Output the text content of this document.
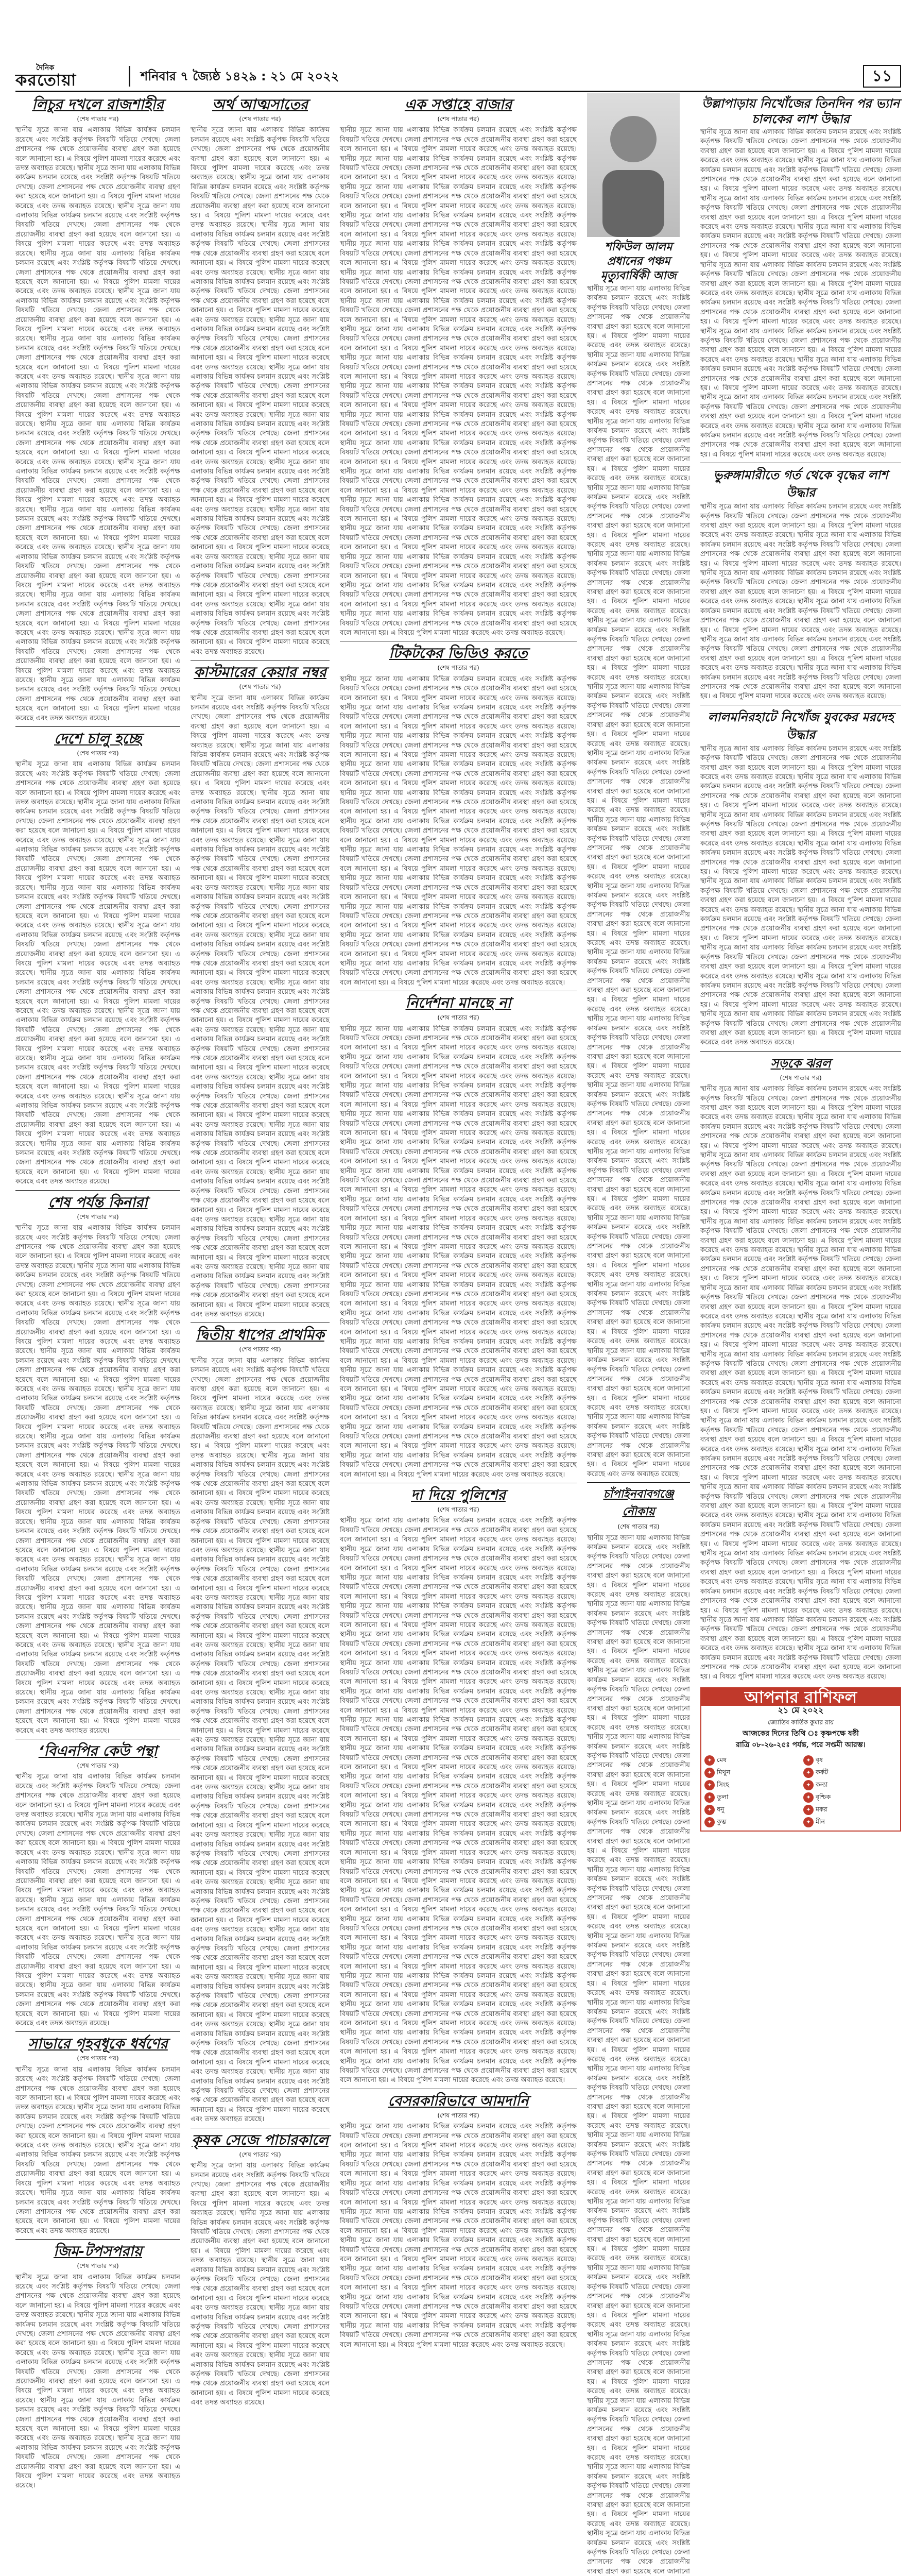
দৈনিক
করতোয়া	শনিবার ৭ জ্যৈষ্ঠ ১৪২৯ : ২১ মে ২০২২	১১
লিচুর দখলে রাজশাহীর
(শেষ পাতার পর)
স্থানীয় সূত্রে জানা যায় এলাকায় বিভিন্ন কার্যক্রম চলমান রয়েছে এবং সংশ্লিষ্ট কর্তৃপক্ষ বিষয়টি খতিয়ে দেখছে। জেলা প্রশাসনের পক্ষ থেকে প্রয়োজনীয় ব্যবস্থা গ্রহণ করা হয়েছে বলে জানানো হয়। এ বিষয়ে পুলিশ মামলা দায়ের করেছে এবং তদন্ত অব্যাহত রয়েছে। স্থানীয় সূত্রে জানা যায় এলাকায় বিভিন্ন কার্যক্রম চলমান রয়েছে এবং সংশ্লিষ্ট কর্তৃপক্ষ বিষয়টি খতিয়ে দেখছে। জেলা প্রশাসনের পক্ষ থেকে প্রয়োজনীয় ব্যবস্থা গ্রহণ করা হয়েছে বলে জানানো হয়। এ বিষয়ে পুলিশ মামলা দায়ের করেছে এবং তদন্ত অব্যাহত রয়েছে। স্থানীয় সূত্রে জানা যায় এলাকায় বিভিন্ন কার্যক্রম চলমান রয়েছে এবং সংশ্লিষ্ট কর্তৃপক্ষ বিষয়টি খতিয়ে দেখছে। জেলা প্রশাসনের পক্ষ থেকে প্রয়োজনীয় ব্যবস্থা গ্রহণ করা হয়েছে বলে জানানো হয়। এ বিষয়ে পুলিশ মামলা দায়ের করেছে এবং তদন্ত অব্যাহত রয়েছে। স্থানীয় সূত্রে জানা যায় এলাকায় বিভিন্ন কার্যক্রম চলমান রয়েছে এবং সংশ্লিষ্ট কর্তৃপক্ষ বিষয়টি খতিয়ে দেখছে। জেলা প্রশাসনের পক্ষ থেকে প্রয়োজনীয় ব্যবস্থা গ্রহণ করা হয়েছে বলে জানানো হয়। এ বিষয়ে পুলিশ মামলা দায়ের করেছে এবং তদন্ত অব্যাহত রয়েছে। স্থানীয় সূত্রে জানা যায় এলাকায় বিভিন্ন কার্যক্রম চলমান রয়েছে এবং সংশ্লিষ্ট কর্তৃপক্ষ বিষয়টি খতিয়ে দেখছে। জেলা প্রশাসনের পক্ষ থেকে প্রয়োজনীয় ব্যবস্থা গ্রহণ করা হয়েছে বলে জানানো হয়। এ বিষয়ে পুলিশ মামলা দায়ের করেছে এবং তদন্ত অব্যাহত রয়েছে। স্থানীয় সূত্রে জানা যায় এলাকায় বিভিন্ন কার্যক্রম চলমান রয়েছে এবং সংশ্লিষ্ট কর্তৃপক্ষ বিষয়টি খতিয়ে দেখছে। জেলা প্রশাসনের পক্ষ থেকে প্রয়োজনীয় ব্যবস্থা গ্রহণ করা হয়েছে বলে জানানো হয়। এ বিষয়ে পুলিশ মামলা দায়ের করেছে এবং তদন্ত অব্যাহত রয়েছে। স্থানীয় সূত্রে জানা যায় এলাকায় বিভিন্ন কার্যক্রম চলমান রয়েছে এবং সংশ্লিষ্ট কর্তৃপক্ষ বিষয়টি খতিয়ে দেখছে। জেলা প্রশাসনের পক্ষ থেকে প্রয়োজনীয় ব্যবস্থা গ্রহণ করা হয়েছে বলে জানানো হয়। এ বিষয়ে পুলিশ মামলা দায়ের করেছে এবং তদন্ত অব্যাহত রয়েছে। স্থানীয় সূত্রে জানা যায় এলাকায় বিভিন্ন কার্যক্রম চলমান রয়েছে এবং সংশ্লিষ্ট কর্তৃপক্ষ বিষয়টি খতিয়ে দেখছে। জেলা প্রশাসনের পক্ষ থেকে প্রয়োজনীয় ব্যবস্থা গ্রহণ করা হয়েছে বলে জানানো হয়। এ বিষয়ে পুলিশ মামলা দায়ের করেছে এবং তদন্ত অব্যাহত রয়েছে। স্থানীয় সূত্রে জানা যায় এলাকায় বিভিন্ন কার্যক্রম চলমান রয়েছে এবং সংশ্লিষ্ট কর্তৃপক্ষ বিষয়টি খতিয়ে দেখছে। জেলা প্রশাসনের পক্ষ থেকে প্রয়োজনীয় ব্যবস্থা গ্রহণ করা হয়েছে বলে জানানো হয়। এ বিষয়ে পুলিশ মামলা দায়ের করেছে এবং তদন্ত অব্যাহত রয়েছে। স্থানীয় সূত্রে জানা যায় এলাকায় বিভিন্ন কার্যক্রম চলমান রয়েছে এবং সংশ্লিষ্ট কর্তৃপক্ষ বিষয়টি খতিয়ে দেখছে। জেলা প্রশাসনের পক্ষ থেকে প্রয়োজনীয় ব্যবস্থা গ্রহণ করা হয়েছে বলে জানানো হয়। এ বিষয়ে পুলিশ মামলা দায়ের করেছে এবং তদন্ত অব্যাহত রয়েছে। স্থানীয় সূত্রে জানা যায় এলাকায় বিভিন্ন কার্যক্রম চলমান রয়েছে এবং সংশ্লিষ্ট কর্তৃপক্ষ বিষয়টি খতিয়ে দেখছে। জেলা প্রশাসনের পক্ষ থেকে প্রয়োজনীয় ব্যবস্থা গ্রহণ করা হয়েছে বলে জানানো হয়। এ বিষয়ে পুলিশ মামলা দায়ের করেছে এবং তদন্ত অব্যাহত রয়েছে। স্থানীয় সূত্রে জানা যায় এলাকায় বিভিন্ন কার্যক্রম চলমান রয়েছে এবং সংশ্লিষ্ট কর্তৃপক্ষ বিষয়টি খতিয়ে দেখছে। জেলা প্রশাসনের পক্ষ থেকে প্রয়োজনীয় ব্যবস্থা গ্রহণ করা হয়েছে বলে জানানো হয়। এ বিষয়ে পুলিশ মামলা দায়ের করেছে এবং তদন্ত অব্যাহত রয়েছে। স্থানীয় সূত্রে জানা যায় এলাকায় বিভিন্ন কার্যক্রম চলমান রয়েছে এবং সংশ্লিষ্ট কর্তৃপক্ষ বিষয়টি খতিয়ে দেখছে। জেলা প্রশাসনের পক্ষ থেকে প্রয়োজনীয় ব্যবস্থা গ্রহণ করা হয়েছে বলে জানানো হয়। এ বিষয়ে পুলিশ মামলা দায়ের করেছে এবং তদন্ত অব্যাহত রয়েছে। স্থানীয় সূত্রে জানা যায় এলাকায় বিভিন্ন কার্যক্রম চলমান রয়েছে এবং সংশ্লিষ্ট কর্তৃপক্ষ বিষয়টি খতিয়ে দেখছে। জেলা প্রশাসনের পক্ষ থেকে প্রয়োজনীয় ব্যবস্থা গ্রহণ করা হয়েছে বলে জানানো হয়। এ বিষয়ে পুলিশ মামলা দায়ের করেছে এবং তদন্ত অব্যাহত রয়েছে।
দেশে চালু হচ্ছে
(শেষ পাতার পর)
স্থানীয় সূত্রে জানা যায় এলাকায় বিভিন্ন কার্যক্রম চলমান রয়েছে এবং সংশ্লিষ্ট কর্তৃপক্ষ বিষয়টি খতিয়ে দেখছে। জেলা প্রশাসনের পক্ষ থেকে প্রয়োজনীয় ব্যবস্থা গ্রহণ করা হয়েছে বলে জানানো হয়। এ বিষয়ে পুলিশ মামলা দায়ের করেছে এবং তদন্ত অব্যাহত রয়েছে। স্থানীয় সূত্রে জানা যায় এলাকায় বিভিন্ন কার্যক্রম চলমান রয়েছে এবং সংশ্লিষ্ট কর্তৃপক্ষ বিষয়টি খতিয়ে দেখছে। জেলা প্রশাসনের পক্ষ থেকে প্রয়োজনীয় ব্যবস্থা গ্রহণ করা হয়েছে বলে জানানো হয়। এ বিষয়ে পুলিশ মামলা দায়ের করেছে এবং তদন্ত অব্যাহত রয়েছে। স্থানীয় সূত্রে জানা যায় এলাকায় বিভিন্ন কার্যক্রম চলমান রয়েছে এবং সংশ্লিষ্ট কর্তৃপক্ষ বিষয়টি খতিয়ে দেখছে। জেলা প্রশাসনের পক্ষ থেকে প্রয়োজনীয় ব্যবস্থা গ্রহণ করা হয়েছে বলে জানানো হয়। এ বিষয়ে পুলিশ মামলা দায়ের করেছে এবং তদন্ত অব্যাহত রয়েছে। স্থানীয় সূত্রে জানা যায় এলাকায় বিভিন্ন কার্যক্রম চলমান রয়েছে এবং সংশ্লিষ্ট কর্তৃপক্ষ বিষয়টি খতিয়ে দেখছে। জেলা প্রশাসনের পক্ষ থেকে প্রয়োজনীয় ব্যবস্থা গ্রহণ করা হয়েছে বলে জানানো হয়। এ বিষয়ে পুলিশ মামলা দায়ের করেছে এবং তদন্ত অব্যাহত রয়েছে। স্থানীয় সূত্রে জানা যায় এলাকায় বিভিন্ন কার্যক্রম চলমান রয়েছে এবং সংশ্লিষ্ট কর্তৃপক্ষ বিষয়টি খতিয়ে দেখছে। জেলা প্রশাসনের পক্ষ থেকে প্রয়োজনীয় ব্যবস্থা গ্রহণ করা হয়েছে বলে জানানো হয়। এ বিষয়ে পুলিশ মামলা দায়ের করেছে এবং তদন্ত অব্যাহত রয়েছে। স্থানীয় সূত্রে জানা যায় এলাকায় বিভিন্ন কার্যক্রম চলমান রয়েছে এবং সংশ্লিষ্ট কর্তৃপক্ষ বিষয়টি খতিয়ে দেখছে। জেলা প্রশাসনের পক্ষ থেকে প্রয়োজনীয় ব্যবস্থা গ্রহণ করা হয়েছে বলে জানানো হয়। এ বিষয়ে পুলিশ মামলা দায়ের করেছে এবং তদন্ত অব্যাহত রয়েছে। স্থানীয় সূত্রে জানা যায় এলাকায় বিভিন্ন কার্যক্রম চলমান রয়েছে এবং সংশ্লিষ্ট কর্তৃপক্ষ বিষয়টি খতিয়ে দেখছে। জেলা প্রশাসনের পক্ষ থেকে প্রয়োজনীয় ব্যবস্থা গ্রহণ করা হয়েছে বলে জানানো হয়। এ বিষয়ে পুলিশ মামলা দায়ের করেছে এবং তদন্ত অব্যাহত রয়েছে। স্থানীয় সূত্রে জানা যায় এলাকায় বিভিন্ন কার্যক্রম চলমান রয়েছে এবং সংশ্লিষ্ট কর্তৃপক্ষ বিষয়টি খতিয়ে দেখছে। জেলা প্রশাসনের পক্ষ থেকে প্রয়োজনীয় ব্যবস্থা গ্রহণ করা হয়েছে বলে জানানো হয়। এ বিষয়ে পুলিশ মামলা দায়ের করেছে এবং তদন্ত অব্যাহত রয়েছে। স্থানীয় সূত্রে জানা যায় এলাকায় বিভিন্ন কার্যক্রম চলমান রয়েছে এবং সংশ্লিষ্ট কর্তৃপক্ষ বিষয়টি খতিয়ে দেখছে। জেলা প্রশাসনের পক্ষ থেকে প্রয়োজনীয় ব্যবস্থা গ্রহণ করা হয়েছে বলে জানানো হয়। এ বিষয়ে পুলিশ মামলা দায়ের করেছে এবং তদন্ত অব্যাহত রয়েছে। স্থানীয় সূত্রে জানা যায় এলাকায় বিভিন্ন কার্যক্রম চলমান রয়েছে এবং সংশ্লিষ্ট কর্তৃপক্ষ বিষয়টি খতিয়ে দেখছে। জেলা প্রশাসনের পক্ষ থেকে প্রয়োজনীয় ব্যবস্থা গ্রহণ করা হয়েছে বলে জানানো হয়। এ বিষয়ে পুলিশ মামলা দায়ের করেছে এবং তদন্ত অব্যাহত রয়েছে।
শেষ পর্যন্ত কিনারা
(শেষ পাতার পর)
স্থানীয় সূত্রে জানা যায় এলাকায় বিভিন্ন কার্যক্রম চলমান রয়েছে এবং সংশ্লিষ্ট কর্তৃপক্ষ বিষয়টি খতিয়ে দেখছে। জেলা প্রশাসনের পক্ষ থেকে প্রয়োজনীয় ব্যবস্থা গ্রহণ করা হয়েছে বলে জানানো হয়। এ বিষয়ে পুলিশ মামলা দায়ের করেছে এবং তদন্ত অব্যাহত রয়েছে। স্থানীয় সূত্রে জানা যায় এলাকায় বিভিন্ন কার্যক্রম চলমান রয়েছে এবং সংশ্লিষ্ট কর্তৃপক্ষ বিষয়টি খতিয়ে দেখছে। জেলা প্রশাসনের পক্ষ থেকে প্রয়োজনীয় ব্যবস্থা গ্রহণ করা হয়েছে বলে জানানো হয়। এ বিষয়ে পুলিশ মামলা দায়ের করেছে এবং তদন্ত অব্যাহত রয়েছে। স্থানীয় সূত্রে জানা যায় এলাকায় বিভিন্ন কার্যক্রম চলমান রয়েছে এবং সংশ্লিষ্ট কর্তৃপক্ষ বিষয়টি খতিয়ে দেখছে। জেলা প্রশাসনের পক্ষ থেকে প্রয়োজনীয় ব্যবস্থা গ্রহণ করা হয়েছে বলে জানানো হয়। এ বিষয়ে পুলিশ মামলা দায়ের করেছে এবং তদন্ত অব্যাহত রয়েছে। স্থানীয় সূত্রে জানা যায় এলাকায় বিভিন্ন কার্যক্রম চলমান রয়েছে এবং সংশ্লিষ্ট কর্তৃপক্ষ বিষয়টি খতিয়ে দেখছে। জেলা প্রশাসনের পক্ষ থেকে প্রয়োজনীয় ব্যবস্থা গ্রহণ করা হয়েছে বলে জানানো হয়। এ বিষয়ে পুলিশ মামলা দায়ের করেছে এবং তদন্ত অব্যাহত রয়েছে। স্থানীয় সূত্রে জানা যায় এলাকায় বিভিন্ন কার্যক্রম চলমান রয়েছে এবং সংশ্লিষ্ট কর্তৃপক্ষ বিষয়টি খতিয়ে দেখছে। জেলা প্রশাসনের পক্ষ থেকে প্রয়োজনীয় ব্যবস্থা গ্রহণ করা হয়েছে বলে জানানো হয়। এ বিষয়ে পুলিশ মামলা দায়ের করেছে এবং তদন্ত অব্যাহত রয়েছে। স্থানীয় সূত্রে জানা যায় এলাকায় বিভিন্ন কার্যক্রম চলমান রয়েছে এবং সংশ্লিষ্ট কর্তৃপক্ষ বিষয়টি খতিয়ে দেখছে। জেলা প্রশাসনের পক্ষ থেকে প্রয়োজনীয় ব্যবস্থা গ্রহণ করা হয়েছে বলে জানানো হয়। এ বিষয়ে পুলিশ মামলা দায়ের করেছে এবং তদন্ত অব্যাহত রয়েছে। স্থানীয় সূত্রে জানা যায় এলাকায় বিভিন্ন কার্যক্রম চলমান রয়েছে এবং সংশ্লিষ্ট কর্তৃপক্ষ বিষয়টি খতিয়ে দেখছে। জেলা প্রশাসনের পক্ষ থেকে প্রয়োজনীয় ব্যবস্থা গ্রহণ করা হয়েছে বলে জানানো হয়। এ বিষয়ে পুলিশ মামলা দায়ের করেছে এবং তদন্ত অব্যাহত রয়েছে। স্থানীয় সূত্রে জানা যায় এলাকায় বিভিন্ন কার্যক্রম চলমান রয়েছে এবং সংশ্লিষ্ট কর্তৃপক্ষ বিষয়টি খতিয়ে দেখছে। জেলা প্রশাসনের পক্ষ থেকে প্রয়োজনীয় ব্যবস্থা গ্রহণ করা হয়েছে বলে জানানো হয়। এ বিষয়ে পুলিশ মামলা দায়ের করেছে এবং তদন্ত অব্যাহত রয়েছে। স্থানীয় সূত্রে জানা যায় এলাকায় বিভিন্ন কার্যক্রম চলমান রয়েছে এবং সংশ্লিষ্ট কর্তৃপক্ষ বিষয়টি খতিয়ে দেখছে। জেলা প্রশাসনের পক্ষ থেকে প্রয়োজনীয় ব্যবস্থা গ্রহণ করা হয়েছে বলে জানানো হয়। এ বিষয়ে পুলিশ মামলা দায়ের করেছে এবং তদন্ত অব্যাহত রয়েছে। স্থানীয় সূত্রে জানা যায় এলাকায় বিভিন্ন কার্যক্রম চলমান রয়েছে এবং সংশ্লিষ্ট কর্তৃপক্ষ বিষয়টি খতিয়ে দেখছে। জেলা প্রশাসনের পক্ষ থেকে প্রয়োজনীয় ব্যবস্থা গ্রহণ করা হয়েছে বলে জানানো হয়। এ বিষয়ে পুলিশ মামলা দায়ের করেছে এবং তদন্ত অব্যাহত রয়েছে। স্থানীয় সূত্রে জানা যায় এলাকায় বিভিন্ন কার্যক্রম চলমান রয়েছে এবং সংশ্লিষ্ট কর্তৃপক্ষ বিষয়টি খতিয়ে দেখছে। জেলা প্রশাসনের পক্ষ থেকে প্রয়োজনীয় ব্যবস্থা গ্রহণ করা হয়েছে বলে জানানো হয়। এ বিষয়ে পুলিশ মামলা দায়ের করেছে এবং তদন্ত অব্যাহত রয়েছে। স্থানীয় সূত্রে জানা যায় এলাকায় বিভিন্ন কার্যক্রম চলমান রয়েছে এবং সংশ্লিষ্ট কর্তৃপক্ষ বিষয়টি খতিয়ে দেখছে। জেলা প্রশাসনের পক্ষ থেকে প্রয়োজনীয় ব্যবস্থা গ্রহণ করা হয়েছে বলে জানানো হয়। এ বিষয়ে পুলিশ মামলা দায়ের করেছে এবং তদন্ত অব্যাহত রয়েছে।
‘বিএনপির কেউ পন্থা
(শেষ পাতার পর)
স্থানীয় সূত্রে জানা যায় এলাকায় বিভিন্ন কার্যক্রম চলমান রয়েছে এবং সংশ্লিষ্ট কর্তৃপক্ষ বিষয়টি খতিয়ে দেখছে। জেলা প্রশাসনের পক্ষ থেকে প্রয়োজনীয় ব্যবস্থা গ্রহণ করা হয়েছে বলে জানানো হয়। এ বিষয়ে পুলিশ মামলা দায়ের করেছে এবং তদন্ত অব্যাহত রয়েছে। স্থানীয় সূত্রে জানা যায় এলাকায় বিভিন্ন কার্যক্রম চলমান রয়েছে এবং সংশ্লিষ্ট কর্তৃপক্ষ বিষয়টি খতিয়ে দেখছে। জেলা প্রশাসনের পক্ষ থেকে প্রয়োজনীয় ব্যবস্থা গ্রহণ করা হয়েছে বলে জানানো হয়। এ বিষয়ে পুলিশ মামলা দায়ের করেছে এবং তদন্ত অব্যাহত রয়েছে। স্থানীয় সূত্রে জানা যায় এলাকায় বিভিন্ন কার্যক্রম চলমান রয়েছে এবং সংশ্লিষ্ট কর্তৃপক্ষ বিষয়টি খতিয়ে দেখছে। জেলা প্রশাসনের পক্ষ থেকে প্রয়োজনীয় ব্যবস্থা গ্রহণ করা হয়েছে বলে জানানো হয়। এ বিষয়ে পুলিশ মামলা দায়ের করেছে এবং তদন্ত অব্যাহত রয়েছে। স্থানীয় সূত্রে জানা যায় এলাকায় বিভিন্ন কার্যক্রম চলমান রয়েছে এবং সংশ্লিষ্ট কর্তৃপক্ষ বিষয়টি খতিয়ে দেখছে। জেলা প্রশাসনের পক্ষ থেকে প্রয়োজনীয় ব্যবস্থা গ্রহণ করা হয়েছে বলে জানানো হয়। এ বিষয়ে পুলিশ মামলা দায়ের করেছে এবং তদন্ত অব্যাহত রয়েছে। স্থানীয় সূত্রে জানা যায় এলাকায় বিভিন্ন কার্যক্রম চলমান রয়েছে এবং সংশ্লিষ্ট কর্তৃপক্ষ বিষয়টি খতিয়ে দেখছে। জেলা প্রশাসনের পক্ষ থেকে প্রয়োজনীয় ব্যবস্থা গ্রহণ করা হয়েছে বলে জানানো হয়। এ বিষয়ে পুলিশ মামলা দায়ের করেছে এবং তদন্ত অব্যাহত রয়েছে। স্থানীয় সূত্রে জানা যায় এলাকায় বিভিন্ন কার্যক্রম চলমান রয়েছে এবং সংশ্লিষ্ট কর্তৃপক্ষ বিষয়টি খতিয়ে দেখছে। জেলা প্রশাসনের পক্ষ থেকে প্রয়োজনীয় ব্যবস্থা গ্রহণ করা হয়েছে বলে জানানো হয়। এ বিষয়ে পুলিশ মামলা দায়ের করেছে এবং তদন্ত অব্যাহত রয়েছে।
সাভারে গৃহবধূকে ধর্ষণের
(শেষ পাতার পর)
স্থানীয় সূত্রে জানা যায় এলাকায় বিভিন্ন কার্যক্রম চলমান রয়েছে এবং সংশ্লিষ্ট কর্তৃপক্ষ বিষয়টি খতিয়ে দেখছে। জেলা প্রশাসনের পক্ষ থেকে প্রয়োজনীয় ব্যবস্থা গ্রহণ করা হয়েছে বলে জানানো হয়। এ বিষয়ে পুলিশ মামলা দায়ের করেছে এবং তদন্ত অব্যাহত রয়েছে। স্থানীয় সূত্রে জানা যায় এলাকায় বিভিন্ন কার্যক্রম চলমান রয়েছে এবং সংশ্লিষ্ট কর্তৃপক্ষ বিষয়টি খতিয়ে দেখছে। জেলা প্রশাসনের পক্ষ থেকে প্রয়োজনীয় ব্যবস্থা গ্রহণ করা হয়েছে বলে জানানো হয়। এ বিষয়ে পুলিশ মামলা দায়ের করেছে এবং তদন্ত অব্যাহত রয়েছে। স্থানীয় সূত্রে জানা যায় এলাকায় বিভিন্ন কার্যক্রম চলমান রয়েছে এবং সংশ্লিষ্ট কর্তৃপক্ষ বিষয়টি খতিয়ে দেখছে। জেলা প্রশাসনের পক্ষ থেকে প্রয়োজনীয় ব্যবস্থা গ্রহণ করা হয়েছে বলে জানানো হয়। এ বিষয়ে পুলিশ মামলা দায়ের করেছে এবং তদন্ত অব্যাহত রয়েছে। স্থানীয় সূত্রে জানা যায় এলাকায় বিভিন্ন কার্যক্রম চলমান রয়েছে এবং সংশ্লিষ্ট কর্তৃপক্ষ বিষয়টি খতিয়ে দেখছে। জেলা প্রশাসনের পক্ষ থেকে প্রয়োজনীয় ব্যবস্থা গ্রহণ করা হয়েছে বলে জানানো হয়। এ বিষয়ে পুলিশ মামলা দায়ের করেছে এবং তদন্ত অব্যাহত রয়েছে।
জিম-টপসপরায়
(শেষ পাতার পর)
স্থানীয় সূত্রে জানা যায় এলাকায় বিভিন্ন কার্যক্রম চলমান রয়েছে এবং সংশ্লিষ্ট কর্তৃপক্ষ বিষয়টি খতিয়ে দেখছে। জেলা প্রশাসনের পক্ষ থেকে প্রয়োজনীয় ব্যবস্থা গ্রহণ করা হয়েছে বলে জানানো হয়। এ বিষয়ে পুলিশ মামলা দায়ের করেছে এবং তদন্ত অব্যাহত রয়েছে। স্থানীয় সূত্রে জানা যায় এলাকায় বিভিন্ন কার্যক্রম চলমান রয়েছে এবং সংশ্লিষ্ট কর্তৃপক্ষ বিষয়টি খতিয়ে দেখছে। জেলা প্রশাসনের পক্ষ থেকে প্রয়োজনীয় ব্যবস্থা গ্রহণ করা হয়েছে বলে জানানো হয়। এ বিষয়ে পুলিশ মামলা দায়ের করেছে এবং তদন্ত অব্যাহত রয়েছে। স্থানীয় সূত্রে জানা যায় এলাকায় বিভিন্ন কার্যক্রম চলমান রয়েছে এবং সংশ্লিষ্ট কর্তৃপক্ষ বিষয়টি খতিয়ে দেখছে। জেলা প্রশাসনের পক্ষ থেকে প্রয়োজনীয় ব্যবস্থা গ্রহণ করা হয়েছে বলে জানানো হয়। এ বিষয়ে পুলিশ মামলা দায়ের করেছে এবং তদন্ত অব্যাহত রয়েছে। স্থানীয় সূত্রে জানা যায় এলাকায় বিভিন্ন কার্যক্রম চলমান রয়েছে এবং সংশ্লিষ্ট কর্তৃপক্ষ বিষয়টি খতিয়ে দেখছে। জেলা প্রশাসনের পক্ষ থেকে প্রয়োজনীয় ব্যবস্থা গ্রহণ করা হয়েছে বলে জানানো হয়। এ বিষয়ে পুলিশ মামলা দায়ের করেছে এবং তদন্ত অব্যাহত রয়েছে। স্থানীয় সূত্রে জানা যায় এলাকায় বিভিন্ন কার্যক্রম চলমান রয়েছে এবং সংশ্লিষ্ট কর্তৃপক্ষ বিষয়টি খতিয়ে দেখছে। জেলা প্রশাসনের পক্ষ থেকে প্রয়োজনীয় ব্যবস্থা গ্রহণ করা হয়েছে বলে জানানো হয়। এ বিষয়ে পুলিশ মামলা দায়ের করেছে এবং তদন্ত অব্যাহত রয়েছে।
অর্থ আত্মসাতের
(শেষ পাতার পর)
স্থানীয় সূত্রে জানা যায় এলাকায় বিভিন্ন কার্যক্রম চলমান রয়েছে এবং সংশ্লিষ্ট কর্তৃপক্ষ বিষয়টি খতিয়ে দেখছে। জেলা প্রশাসনের পক্ষ থেকে প্রয়োজনীয় ব্যবস্থা গ্রহণ করা হয়েছে বলে জানানো হয়। এ বিষয়ে পুলিশ মামলা দায়ের করেছে এবং তদন্ত অব্যাহত রয়েছে। স্থানীয় সূত্রে জানা যায় এলাকায় বিভিন্ন কার্যক্রম চলমান রয়েছে এবং সংশ্লিষ্ট কর্তৃপক্ষ বিষয়টি খতিয়ে দেখছে। জেলা প্রশাসনের পক্ষ থেকে প্রয়োজনীয় ব্যবস্থা গ্রহণ করা হয়েছে বলে জানানো হয়। এ বিষয়ে পুলিশ মামলা দায়ের করেছে এবং তদন্ত অব্যাহত রয়েছে। স্থানীয় সূত্রে জানা যায় এলাকায় বিভিন্ন কার্যক্রম চলমান রয়েছে এবং সংশ্লিষ্ট কর্তৃপক্ষ বিষয়টি খতিয়ে দেখছে। জেলা প্রশাসনের পক্ষ থেকে প্রয়োজনীয় ব্যবস্থা গ্রহণ করা হয়েছে বলে জানানো হয়। এ বিষয়ে পুলিশ মামলা দায়ের করেছে এবং তদন্ত অব্যাহত রয়েছে। স্থানীয় সূত্রে জানা যায় এলাকায় বিভিন্ন কার্যক্রম চলমান রয়েছে এবং সংশ্লিষ্ট কর্তৃপক্ষ বিষয়টি খতিয়ে দেখছে। জেলা প্রশাসনের পক্ষ থেকে প্রয়োজনীয় ব্যবস্থা গ্রহণ করা হয়েছে বলে জানানো হয়। এ বিষয়ে পুলিশ মামলা দায়ের করেছে এবং তদন্ত অব্যাহত রয়েছে। স্থানীয় সূত্রে জানা যায় এলাকায় বিভিন্ন কার্যক্রম চলমান রয়েছে এবং সংশ্লিষ্ট কর্তৃপক্ষ বিষয়টি খতিয়ে দেখছে। জেলা প্রশাসনের পক্ষ থেকে প্রয়োজনীয় ব্যবস্থা গ্রহণ করা হয়েছে বলে জানানো হয়। এ বিষয়ে পুলিশ মামলা দায়ের করেছে এবং তদন্ত অব্যাহত রয়েছে। স্থানীয় সূত্রে জানা যায় এলাকায় বিভিন্ন কার্যক্রম চলমান রয়েছে এবং সংশ্লিষ্ট কর্তৃপক্ষ বিষয়টি খতিয়ে দেখছে। জেলা প্রশাসনের পক্ষ থেকে প্রয়োজনীয় ব্যবস্থা গ্রহণ করা হয়েছে বলে জানানো হয়। এ বিষয়ে পুলিশ মামলা দায়ের করেছে এবং তদন্ত অব্যাহত রয়েছে। স্থানীয় সূত্রে জানা যায় এলাকায় বিভিন্ন কার্যক্রম চলমান রয়েছে এবং সংশ্লিষ্ট কর্তৃপক্ষ বিষয়টি খতিয়ে দেখছে। জেলা প্রশাসনের পক্ষ থেকে প্রয়োজনীয় ব্যবস্থা গ্রহণ করা হয়েছে বলে জানানো হয়। এ বিষয়ে পুলিশ মামলা দায়ের করেছে এবং তদন্ত অব্যাহত রয়েছে। স্থানীয় সূত্রে জানা যায় এলাকায় বিভিন্ন কার্যক্রম চলমান রয়েছে এবং সংশ্লিষ্ট কর্তৃপক্ষ বিষয়টি খতিয়ে দেখছে। জেলা প্রশাসনের পক্ষ থেকে প্রয়োজনীয় ব্যবস্থা গ্রহণ করা হয়েছে বলে জানানো হয়। এ বিষয়ে পুলিশ মামলা দায়ের করেছে এবং তদন্ত অব্যাহত রয়েছে। স্থানীয় সূত্রে জানা যায় এলাকায় বিভিন্ন কার্যক্রম চলমান রয়েছে এবং সংশ্লিষ্ট কর্তৃপক্ষ বিষয়টি খতিয়ে দেখছে। জেলা প্রশাসনের পক্ষ থেকে প্রয়োজনীয় ব্যবস্থা গ্রহণ করা হয়েছে বলে জানানো হয়। এ বিষয়ে পুলিশ মামলা দায়ের করেছে এবং তদন্ত অব্যাহত রয়েছে। স্থানীয় সূত্রে জানা যায় এলাকায় বিভিন্ন কার্যক্রম চলমান রয়েছে এবং সংশ্লিষ্ট কর্তৃপক্ষ বিষয়টি খতিয়ে দেখছে। জেলা প্রশাসনের পক্ষ থেকে প্রয়োজনীয় ব্যবস্থা গ্রহণ করা হয়েছে বলে জানানো হয়। এ বিষয়ে পুলিশ মামলা দায়ের করেছে এবং তদন্ত অব্যাহত রয়েছে। স্থানীয় সূত্রে জানা যায় এলাকায় বিভিন্ন কার্যক্রম চলমান রয়েছে এবং সংশ্লিষ্ট কর্তৃপক্ষ বিষয়টি খতিয়ে দেখছে। জেলা প্রশাসনের পক্ষ থেকে প্রয়োজনীয় ব্যবস্থা গ্রহণ করা হয়েছে বলে জানানো হয়। এ বিষয়ে পুলিশ মামলা দায়ের করেছে এবং তদন্ত অব্যাহত রয়েছে।
কাস্টমারের কেয়ার নম্বর
(শেষ পাতার পর)
স্থানীয় সূত্রে জানা যায় এলাকায় বিভিন্ন কার্যক্রম চলমান রয়েছে এবং সংশ্লিষ্ট কর্তৃপক্ষ বিষয়টি খতিয়ে দেখছে। জেলা প্রশাসনের পক্ষ থেকে প্রয়োজনীয় ব্যবস্থা গ্রহণ করা হয়েছে বলে জানানো হয়। এ বিষয়ে পুলিশ মামলা দায়ের করেছে এবং তদন্ত অব্যাহত রয়েছে। স্থানীয় সূত্রে জানা যায় এলাকায় বিভিন্ন কার্যক্রম চলমান রয়েছে এবং সংশ্লিষ্ট কর্তৃপক্ষ বিষয়টি খতিয়ে দেখছে। জেলা প্রশাসনের পক্ষ থেকে প্রয়োজনীয় ব্যবস্থা গ্রহণ করা হয়েছে বলে জানানো হয়। এ বিষয়ে পুলিশ মামলা দায়ের করেছে এবং তদন্ত অব্যাহত রয়েছে। স্থানীয় সূত্রে জানা যায় এলাকায় বিভিন্ন কার্যক্রম চলমান রয়েছে এবং সংশ্লিষ্ট কর্তৃপক্ষ বিষয়টি খতিয়ে দেখছে। জেলা প্রশাসনের পক্ষ থেকে প্রয়োজনীয় ব্যবস্থা গ্রহণ করা হয়েছে বলে জানানো হয়। এ বিষয়ে পুলিশ মামলা দায়ের করেছে এবং তদন্ত অব্যাহত রয়েছে। স্থানীয় সূত্রে জানা যায় এলাকায় বিভিন্ন কার্যক্রম চলমান রয়েছে এবং সংশ্লিষ্ট কর্তৃপক্ষ বিষয়টি খতিয়ে দেখছে। জেলা প্রশাসনের পক্ষ থেকে প্রয়োজনীয় ব্যবস্থা গ্রহণ করা হয়েছে বলে জানানো হয়। এ বিষয়ে পুলিশ মামলা দায়ের করেছে এবং তদন্ত অব্যাহত রয়েছে। স্থানীয় সূত্রে জানা যায় এলাকায় বিভিন্ন কার্যক্রম চলমান রয়েছে এবং সংশ্লিষ্ট কর্তৃপক্ষ বিষয়টি খতিয়ে দেখছে। জেলা প্রশাসনের পক্ষ থেকে প্রয়োজনীয় ব্যবস্থা গ্রহণ করা হয়েছে বলে জানানো হয়। এ বিষয়ে পুলিশ মামলা দায়ের করেছে এবং তদন্ত অব্যাহত রয়েছে। স্থানীয় সূত্রে জানা যায় এলাকায় বিভিন্ন কার্যক্রম চলমান রয়েছে এবং সংশ্লিষ্ট কর্তৃপক্ষ বিষয়টি খতিয়ে দেখছে। জেলা প্রশাসনের পক্ষ থেকে প্রয়োজনীয় ব্যবস্থা গ্রহণ করা হয়েছে বলে জানানো হয়। এ বিষয়ে পুলিশ মামলা দায়ের করেছে এবং তদন্ত অব্যাহত রয়েছে। স্থানীয় সূত্রে জানা যায় এলাকায় বিভিন্ন কার্যক্রম চলমান রয়েছে এবং সংশ্লিষ্ট কর্তৃপক্ষ বিষয়টি খতিয়ে দেখছে। জেলা প্রশাসনের পক্ষ থেকে প্রয়োজনীয় ব্যবস্থা গ্রহণ করা হয়েছে বলে জানানো হয়। এ বিষয়ে পুলিশ মামলা দায়ের করেছে এবং তদন্ত অব্যাহত রয়েছে। স্থানীয় সূত্রে জানা যায় এলাকায় বিভিন্ন কার্যক্রম চলমান রয়েছে এবং সংশ্লিষ্ট কর্তৃপক্ষ বিষয়টি খতিয়ে দেখছে। জেলা প্রশাসনের পক্ষ থেকে প্রয়োজনীয় ব্যবস্থা গ্রহণ করা হয়েছে বলে জানানো হয়। এ বিষয়ে পুলিশ মামলা দায়ের করেছে এবং তদন্ত অব্যাহত রয়েছে। স্থানীয় সূত্রে জানা যায় এলাকায় বিভিন্ন কার্যক্রম চলমান রয়েছে এবং সংশ্লিষ্ট কর্তৃপক্ষ বিষয়টি খতিয়ে দেখছে। জেলা প্রশাসনের পক্ষ থেকে প্রয়োজনীয় ব্যবস্থা গ্রহণ করা হয়েছে বলে জানানো হয়। এ বিষয়ে পুলিশ মামলা দায়ের করেছে এবং তদন্ত অব্যাহত রয়েছে। স্থানীয় সূত্রে জানা যায় এলাকায় বিভিন্ন কার্যক্রম চলমান রয়েছে এবং সংশ্লিষ্ট কর্তৃপক্ষ বিষয়টি খতিয়ে দেখছে। জেলা প্রশাসনের পক্ষ থেকে প্রয়োজনীয় ব্যবস্থা গ্রহণ করা হয়েছে বলে জানানো হয়। এ বিষয়ে পুলিশ মামলা দায়ের করেছে এবং তদন্ত অব্যাহত রয়েছে। স্থানীয় সূত্রে জানা যায় এলাকায় বিভিন্ন কার্যক্রম চলমান রয়েছে এবং সংশ্লিষ্ট কর্তৃপক্ষ বিষয়টি খতিয়ে দেখছে। জেলা প্রশাসনের পক্ষ থেকে প্রয়োজনীয় ব্যবস্থা গ্রহণ করা হয়েছে বলে জানানো হয়। এ বিষয়ে পুলিশ মামলা দায়ের করেছে এবং তদন্ত অব্যাহত রয়েছে। স্থানীয় সূত্রে জানা যায় এলাকায় বিভিন্ন কার্যক্রম চলমান রয়েছে এবং সংশ্লিষ্ট কর্তৃপক্ষ বিষয়টি খতিয়ে দেখছে। জেলা প্রশাসনের পক্ষ থেকে প্রয়োজনীয় ব্যবস্থা গ্রহণ করা হয়েছে বলে জানানো হয়। এ বিষয়ে পুলিশ মামলা দায়ের করেছে এবং তদন্ত অব্যাহত রয়েছে। স্থানীয় সূত্রে জানা যায় এলাকায় বিভিন্ন কার্যক্রম চলমান রয়েছে এবং সংশ্লিষ্ট কর্তৃপক্ষ বিষয়টি খতিয়ে দেখছে। জেলা প্রশাসনের পক্ষ থেকে প্রয়োজনীয় ব্যবস্থা গ্রহণ করা হয়েছে বলে জানানো হয়। এ বিষয়ে পুলিশ মামলা দায়ের করেছে এবং তদন্ত অব্যাহত রয়েছে।
দ্বিতীয় ধাপের প্রাথমিক
(শেষ পাতার পর)
স্থানীয় সূত্রে জানা যায় এলাকায় বিভিন্ন কার্যক্রম চলমান রয়েছে এবং সংশ্লিষ্ট কর্তৃপক্ষ বিষয়টি খতিয়ে দেখছে। জেলা প্রশাসনের পক্ষ থেকে প্রয়োজনীয় ব্যবস্থা গ্রহণ করা হয়েছে বলে জানানো হয়। এ বিষয়ে পুলিশ মামলা দায়ের করেছে এবং তদন্ত অব্যাহত রয়েছে। স্থানীয় সূত্রে জানা যায় এলাকায় বিভিন্ন কার্যক্রম চলমান রয়েছে এবং সংশ্লিষ্ট কর্তৃপক্ষ বিষয়টি খতিয়ে দেখছে। জেলা প্রশাসনের পক্ষ থেকে প্রয়োজনীয় ব্যবস্থা গ্রহণ করা হয়েছে বলে জানানো হয়। এ বিষয়ে পুলিশ মামলা দায়ের করেছে এবং তদন্ত অব্যাহত রয়েছে। স্থানীয় সূত্রে জানা যায় এলাকায় বিভিন্ন কার্যক্রম চলমান রয়েছে এবং সংশ্লিষ্ট কর্তৃপক্ষ বিষয়টি খতিয়ে দেখছে। জেলা প্রশাসনের পক্ষ থেকে প্রয়োজনীয় ব্যবস্থা গ্রহণ করা হয়েছে বলে জানানো হয়। এ বিষয়ে পুলিশ মামলা দায়ের করেছে এবং তদন্ত অব্যাহত রয়েছে। স্থানীয় সূত্রে জানা যায় এলাকায় বিভিন্ন কার্যক্রম চলমান রয়েছে এবং সংশ্লিষ্ট কর্তৃপক্ষ বিষয়টি খতিয়ে দেখছে। জেলা প্রশাসনের পক্ষ থেকে প্রয়োজনীয় ব্যবস্থা গ্রহণ করা হয়েছে বলে জানানো হয়। এ বিষয়ে পুলিশ মামলা দায়ের করেছে এবং তদন্ত অব্যাহত রয়েছে। স্থানীয় সূত্রে জানা যায় এলাকায় বিভিন্ন কার্যক্রম চলমান রয়েছে এবং সংশ্লিষ্ট কর্তৃপক্ষ বিষয়টি খতিয়ে দেখছে। জেলা প্রশাসনের পক্ষ থেকে প্রয়োজনীয় ব্যবস্থা গ্রহণ করা হয়েছে বলে জানানো হয়। এ বিষয়ে পুলিশ মামলা দায়ের করেছে এবং তদন্ত অব্যাহত রয়েছে। স্থানীয় সূত্রে জানা যায় এলাকায় বিভিন্ন কার্যক্রম চলমান রয়েছে এবং সংশ্লিষ্ট কর্তৃপক্ষ বিষয়টি খতিয়ে দেখছে। জেলা প্রশাসনের পক্ষ থেকে প্রয়োজনীয় ব্যবস্থা গ্রহণ করা হয়েছে বলে জানানো হয়। এ বিষয়ে পুলিশ মামলা দায়ের করেছে এবং তদন্ত অব্যাহত রয়েছে। স্থানীয় সূত্রে জানা যায় এলাকায় বিভিন্ন কার্যক্রম চলমান রয়েছে এবং সংশ্লিষ্ট কর্তৃপক্ষ বিষয়টি খতিয়ে দেখছে। জেলা প্রশাসনের পক্ষ থেকে প্রয়োজনীয় ব্যবস্থা গ্রহণ করা হয়েছে বলে জানানো হয়। এ বিষয়ে পুলিশ মামলা দায়ের করেছে এবং তদন্ত অব্যাহত রয়েছে। স্থানীয় সূত্রে জানা যায় এলাকায় বিভিন্ন কার্যক্রম চলমান রয়েছে এবং সংশ্লিষ্ট কর্তৃপক্ষ বিষয়টি খতিয়ে দেখছে। জেলা প্রশাসনের পক্ষ থেকে প্রয়োজনীয় ব্যবস্থা গ্রহণ করা হয়েছে বলে জানানো হয়। এ বিষয়ে পুলিশ মামলা দায়ের করেছে এবং তদন্ত অব্যাহত রয়েছে। স্থানীয় সূত্রে জানা যায় এলাকায় বিভিন্ন কার্যক্রম চলমান রয়েছে এবং সংশ্লিষ্ট কর্তৃপক্ষ বিষয়টি খতিয়ে দেখছে। জেলা প্রশাসনের পক্ষ থেকে প্রয়োজনীয় ব্যবস্থা গ্রহণ করা হয়েছে বলে জানানো হয়। এ বিষয়ে পুলিশ মামলা দায়ের করেছে এবং তদন্ত অব্যাহত রয়েছে। স্থানীয় সূত্রে জানা যায় এলাকায় বিভিন্ন কার্যক্রম চলমান রয়েছে এবং সংশ্লিষ্ট কর্তৃপক্ষ বিষয়টি খতিয়ে দেখছে। জেলা প্রশাসনের পক্ষ থেকে প্রয়োজনীয় ব্যবস্থা গ্রহণ করা হয়েছে বলে জানানো হয়। এ বিষয়ে পুলিশ মামলা দায়ের করেছে এবং তদন্ত অব্যাহত রয়েছে। স্থানীয় সূত্রে জানা যায় এলাকায় বিভিন্ন কার্যক্রম চলমান রয়েছে এবং সংশ্লিষ্ট কর্তৃপক্ষ বিষয়টি খতিয়ে দেখছে। জেলা প্রশাসনের পক্ষ থেকে প্রয়োজনীয় ব্যবস্থা গ্রহণ করা হয়েছে বলে জানানো হয়। এ বিষয়ে পুলিশ মামলা দায়ের করেছে এবং তদন্ত অব্যাহত রয়েছে। স্থানীয় সূত্রে জানা যায় এলাকায় বিভিন্ন কার্যক্রম চলমান রয়েছে এবং সংশ্লিষ্ট কর্তৃপক্ষ বিষয়টি খতিয়ে দেখছে। জেলা প্রশাসনের পক্ষ থেকে প্রয়োজনীয় ব্যবস্থা গ্রহণ করা হয়েছে বলে জানানো হয়। এ বিষয়ে পুলিশ মামলা দায়ের করেছে এবং তদন্ত অব্যাহত রয়েছে। স্থানীয় সূত্রে জানা যায় এলাকায় বিভিন্ন কার্যক্রম চলমান রয়েছে এবং সংশ্লিষ্ট কর্তৃপক্ষ বিষয়টি খতিয়ে দেখছে। জেলা প্রশাসনের পক্ষ থেকে প্রয়োজনীয় ব্যবস্থা গ্রহণ করা হয়েছে বলে জানানো হয়। এ বিষয়ে পুলিশ মামলা দায়ের করেছে এবং তদন্ত অব্যাহত রয়েছে। স্থানীয় সূত্রে জানা যায় এলাকায় বিভিন্ন কার্যক্রম চলমান রয়েছে এবং সংশ্লিষ্ট কর্তৃপক্ষ বিষয়টি খতিয়ে দেখছে। জেলা প্রশাসনের পক্ষ থেকে প্রয়োজনীয় ব্যবস্থা গ্রহণ করা হয়েছে বলে জানানো হয়। এ বিষয়ে পুলিশ মামলা দায়ের করেছে এবং তদন্ত অব্যাহত রয়েছে। স্থানীয় সূত্রে জানা যায় এলাকায় বিভিন্ন কার্যক্রম চলমান রয়েছে এবং সংশ্লিষ্ট কর্তৃপক্ষ বিষয়টি খতিয়ে দেখছে। জেলা প্রশাসনের পক্ষ থেকে প্রয়োজনীয় ব্যবস্থা গ্রহণ করা হয়েছে বলে জানানো হয়। এ বিষয়ে পুলিশ মামলা দায়ের করেছে এবং তদন্ত অব্যাহত রয়েছে। স্থানীয় সূত্রে জানা যায় এলাকায় বিভিন্ন কার্যক্রম চলমান রয়েছে এবং সংশ্লিষ্ট কর্তৃপক্ষ বিষয়টি খতিয়ে দেখছে। জেলা প্রশাসনের পক্ষ থেকে প্রয়োজনীয় ব্যবস্থা গ্রহণ করা হয়েছে বলে জানানো হয়। এ বিষয়ে পুলিশ মামলা দায়ের করেছে এবং তদন্ত অব্যাহত রয়েছে।
কৃষক সেজে পাচারকালে
(শেষ পাতার পর)
স্থানীয় সূত্রে জানা যায় এলাকায় বিভিন্ন কার্যক্রম চলমান রয়েছে এবং সংশ্লিষ্ট কর্তৃপক্ষ বিষয়টি খতিয়ে দেখছে। জেলা প্রশাসনের পক্ষ থেকে প্রয়োজনীয় ব্যবস্থা গ্রহণ করা হয়েছে বলে জানানো হয়। এ বিষয়ে পুলিশ মামলা দায়ের করেছে এবং তদন্ত অব্যাহত রয়েছে। স্থানীয় সূত্রে জানা যায় এলাকায় বিভিন্ন কার্যক্রম চলমান রয়েছে এবং সংশ্লিষ্ট কর্তৃপক্ষ বিষয়টি খতিয়ে দেখছে। জেলা প্রশাসনের পক্ষ থেকে প্রয়োজনীয় ব্যবস্থা গ্রহণ করা হয়েছে বলে জানানো হয়। এ বিষয়ে পুলিশ মামলা দায়ের করেছে এবং তদন্ত অব্যাহত রয়েছে। স্থানীয় সূত্রে জানা যায় এলাকায় বিভিন্ন কার্যক্রম চলমান রয়েছে এবং সংশ্লিষ্ট কর্তৃপক্ষ বিষয়টি খতিয়ে দেখছে। জেলা প্রশাসনের পক্ষ থেকে প্রয়োজনীয় ব্যবস্থা গ্রহণ করা হয়েছে বলে জানানো হয়। এ বিষয়ে পুলিশ মামলা দায়ের করেছে এবং তদন্ত অব্যাহত রয়েছে। স্থানীয় সূত্রে জানা যায় এলাকায় বিভিন্ন কার্যক্রম চলমান রয়েছে এবং সংশ্লিষ্ট কর্তৃপক্ষ বিষয়টি খতিয়ে দেখছে। জেলা প্রশাসনের পক্ষ থেকে প্রয়োজনীয় ব্যবস্থা গ্রহণ করা হয়েছে বলে জানানো হয়। এ বিষয়ে পুলিশ মামলা দায়ের করেছে এবং তদন্ত অব্যাহত রয়েছে। স্থানীয় সূত্রে জানা যায় এলাকায় বিভিন্ন কার্যক্রম চলমান রয়েছে এবং সংশ্লিষ্ট কর্তৃপক্ষ বিষয়টি খতিয়ে দেখছে। জেলা প্রশাসনের পক্ষ থেকে প্রয়োজনীয় ব্যবস্থা গ্রহণ করা হয়েছে বলে জানানো হয়। এ বিষয়ে পুলিশ মামলা দায়ের করেছে এবং তদন্ত অব্যাহত রয়েছে।
এক সপ্তাহে বাজার
(শেষ পাতার পর)
স্থানীয় সূত্রে জানা যায় এলাকায় বিভিন্ন কার্যক্রম চলমান রয়েছে এবং সংশ্লিষ্ট কর্তৃপক্ষ বিষয়টি খতিয়ে দেখছে। জেলা প্রশাসনের পক্ষ থেকে প্রয়োজনীয় ব্যবস্থা গ্রহণ করা হয়েছে বলে জানানো হয়। এ বিষয়ে পুলিশ মামলা দায়ের করেছে এবং তদন্ত অব্যাহত রয়েছে। স্থানীয় সূত্রে জানা যায় এলাকায় বিভিন্ন কার্যক্রম চলমান রয়েছে এবং সংশ্লিষ্ট কর্তৃপক্ষ বিষয়টি খতিয়ে দেখছে। জেলা প্রশাসনের পক্ষ থেকে প্রয়োজনীয় ব্যবস্থা গ্রহণ করা হয়েছে বলে জানানো হয়। এ বিষয়ে পুলিশ মামলা দায়ের করেছে এবং তদন্ত অব্যাহত রয়েছে। স্থানীয় সূত্রে জানা যায় এলাকায় বিভিন্ন কার্যক্রম চলমান রয়েছে এবং সংশ্লিষ্ট কর্তৃপক্ষ বিষয়টি খতিয়ে দেখছে। জেলা প্রশাসনের পক্ষ থেকে প্রয়োজনীয় ব্যবস্থা গ্রহণ করা হয়েছে বলে জানানো হয়। এ বিষয়ে পুলিশ মামলা দায়ের করেছে এবং তদন্ত অব্যাহত রয়েছে। স্থানীয় সূত্রে জানা যায় এলাকায় বিভিন্ন কার্যক্রম চলমান রয়েছে এবং সংশ্লিষ্ট কর্তৃপক্ষ বিষয়টি খতিয়ে দেখছে। জেলা প্রশাসনের পক্ষ থেকে প্রয়োজনীয় ব্যবস্থা গ্রহণ করা হয়েছে বলে জানানো হয়। এ বিষয়ে পুলিশ মামলা দায়ের করেছে এবং তদন্ত অব্যাহত রয়েছে। স্থানীয় সূত্রে জানা যায় এলাকায় বিভিন্ন কার্যক্রম চলমান রয়েছে এবং সংশ্লিষ্ট কর্তৃপক্ষ বিষয়টি খতিয়ে দেখছে। জেলা প্রশাসনের পক্ষ থেকে প্রয়োজনীয় ব্যবস্থা গ্রহণ করা হয়েছে বলে জানানো হয়। এ বিষয়ে পুলিশ মামলা দায়ের করেছে এবং তদন্ত অব্যাহত রয়েছে। স্থানীয় সূত্রে জানা যায় এলাকায় বিভিন্ন কার্যক্রম চলমান রয়েছে এবং সংশ্লিষ্ট কর্তৃপক্ষ বিষয়টি খতিয়ে দেখছে। জেলা প্রশাসনের পক্ষ থেকে প্রয়োজনীয় ব্যবস্থা গ্রহণ করা হয়েছে বলে জানানো হয়। এ বিষয়ে পুলিশ মামলা দায়ের করেছে এবং তদন্ত অব্যাহত রয়েছে। স্থানীয় সূত্রে জানা যায় এলাকায় বিভিন্ন কার্যক্রম চলমান রয়েছে এবং সংশ্লিষ্ট কর্তৃপক্ষ বিষয়টি খতিয়ে দেখছে। জেলা প্রশাসনের পক্ষ থেকে প্রয়োজনীয় ব্যবস্থা গ্রহণ করা হয়েছে বলে জানানো হয়। এ বিষয়ে পুলিশ মামলা দায়ের করেছে এবং তদন্ত অব্যাহত রয়েছে। স্থানীয় সূত্রে জানা যায় এলাকায় বিভিন্ন কার্যক্রম চলমান রয়েছে এবং সংশ্লিষ্ট কর্তৃপক্ষ বিষয়টি খতিয়ে দেখছে। জেলা প্রশাসনের পক্ষ থেকে প্রয়োজনীয় ব্যবস্থা গ্রহণ করা হয়েছে বলে জানানো হয়। এ বিষয়ে পুলিশ মামলা দায়ের করেছে এবং তদন্ত অব্যাহত রয়েছে। স্থানীয় সূত্রে জানা যায় এলাকায় বিভিন্ন কার্যক্রম চলমান রয়েছে এবং সংশ্লিষ্ট কর্তৃপক্ষ বিষয়টি খতিয়ে দেখছে। জেলা প্রশাসনের পক্ষ থেকে প্রয়োজনীয় ব্যবস্থা গ্রহণ করা হয়েছে বলে জানানো হয়। এ বিষয়ে পুলিশ মামলা দায়ের করেছে এবং তদন্ত অব্যাহত রয়েছে। স্থানীয় সূত্রে জানা যায় এলাকায় বিভিন্ন কার্যক্রম চলমান রয়েছে এবং সংশ্লিষ্ট কর্তৃপক্ষ বিষয়টি খতিয়ে দেখছে। জেলা প্রশাসনের পক্ষ থেকে প্রয়োজনীয় ব্যবস্থা গ্রহণ করা হয়েছে বলে জানানো হয়। এ বিষয়ে পুলিশ মামলা দায়ের করেছে এবং তদন্ত অব্যাহত রয়েছে। স্থানীয় সূত্রে জানা যায় এলাকায় বিভিন্ন কার্যক্রম চলমান রয়েছে এবং সংশ্লিষ্ট কর্তৃপক্ষ বিষয়টি খতিয়ে দেখছে। জেলা প্রশাসনের পক্ষ থেকে প্রয়োজনীয় ব্যবস্থা গ্রহণ করা হয়েছে বলে জানানো হয়। এ বিষয়ে পুলিশ মামলা দায়ের করেছে এবং তদন্ত অব্যাহত রয়েছে। স্থানীয় সূত্রে জানা যায় এলাকায় বিভিন্ন কার্যক্রম চলমান রয়েছে এবং সংশ্লিষ্ট কর্তৃপক্ষ বিষয়টি খতিয়ে দেখছে। জেলা প্রশাসনের পক্ষ থেকে প্রয়োজনীয় ব্যবস্থা গ্রহণ করা হয়েছে বলে জানানো হয়। এ বিষয়ে পুলিশ মামলা দায়ের করেছে এবং তদন্ত অব্যাহত রয়েছে। স্থানীয় সূত্রে জানা যায় এলাকায় বিভিন্ন কার্যক্রম চলমান রয়েছে এবং সংশ্লিষ্ট কর্তৃপক্ষ বিষয়টি খতিয়ে দেখছে। জেলা প্রশাসনের পক্ষ থেকে প্রয়োজনীয় ব্যবস্থা গ্রহণ করা হয়েছে বলে জানানো হয়। এ বিষয়ে পুলিশ মামলা দায়ের করেছে এবং তদন্ত অব্যাহত রয়েছে। স্থানীয় সূত্রে জানা যায় এলাকায় বিভিন্ন কার্যক্রম চলমান রয়েছে এবং সংশ্লিষ্ট কর্তৃপক্ষ বিষয়টি খতিয়ে দেখছে। জেলা প্রশাসনের পক্ষ থেকে প্রয়োজনীয় ব্যবস্থা গ্রহণ করা হয়েছে বলে জানানো হয়। এ বিষয়ে পুলিশ মামলা দায়ের করেছে এবং তদন্ত অব্যাহত রয়েছে। স্থানীয় সূত্রে জানা যায় এলাকায় বিভিন্ন কার্যক্রম চলমান রয়েছে এবং সংশ্লিষ্ট কর্তৃপক্ষ বিষয়টি খতিয়ে দেখছে। জেলা প্রশাসনের পক্ষ থেকে প্রয়োজনীয় ব্যবস্থা গ্রহণ করা হয়েছে বলে জানানো হয়। এ বিষয়ে পুলিশ মামলা দায়ের করেছে এবং তদন্ত অব্যাহত রয়েছে। স্থানীয় সূত্রে জানা যায় এলাকায় বিভিন্ন কার্যক্রম চলমান রয়েছে এবং সংশ্লিষ্ট কর্তৃপক্ষ বিষয়টি খতিয়ে দেখছে। জেলা প্রশাসনের পক্ষ থেকে প্রয়োজনীয় ব্যবস্থা গ্রহণ করা হয়েছে বলে জানানো হয়। এ বিষয়ে পুলিশ মামলা দায়ের করেছে এবং তদন্ত অব্যাহত রয়েছে। স্থানীয় সূত্রে জানা যায় এলাকায় বিভিন্ন কার্যক্রম চলমান রয়েছে এবং সংশ্লিষ্ট কর্তৃপক্ষ বিষয়টি খতিয়ে দেখছে। জেলা প্রশাসনের পক্ষ থেকে প্রয়োজনীয় ব্যবস্থা গ্রহণ করা হয়েছে বলে জানানো হয়। এ বিষয়ে পুলিশ মামলা দায়ের করেছে এবং তদন্ত অব্যাহত রয়েছে। স্থানীয় সূত্রে জানা যায় এলাকায় বিভিন্ন কার্যক্রম চলমান রয়েছে এবং সংশ্লিষ্ট কর্তৃপক্ষ বিষয়টি খতিয়ে দেখছে। জেলা প্রশাসনের পক্ষ থেকে প্রয়োজনীয় ব্যবস্থা গ্রহণ করা হয়েছে বলে জানানো হয়। এ বিষয়ে পুলিশ মামলা দায়ের করেছে এবং তদন্ত অব্যাহত রয়েছে।
টিকটকের ভিডিও করতে
(শেষ পাতার পর)
স্থানীয় সূত্রে জানা যায় এলাকায় বিভিন্ন কার্যক্রম চলমান রয়েছে এবং সংশ্লিষ্ট কর্তৃপক্ষ বিষয়টি খতিয়ে দেখছে। জেলা প্রশাসনের পক্ষ থেকে প্রয়োজনীয় ব্যবস্থা গ্রহণ করা হয়েছে বলে জানানো হয়। এ বিষয়ে পুলিশ মামলা দায়ের করেছে এবং তদন্ত অব্যাহত রয়েছে। স্থানীয় সূত্রে জানা যায় এলাকায় বিভিন্ন কার্যক্রম চলমান রয়েছে এবং সংশ্লিষ্ট কর্তৃপক্ষ বিষয়টি খতিয়ে দেখছে। জেলা প্রশাসনের পক্ষ থেকে প্রয়োজনীয় ব্যবস্থা গ্রহণ করা হয়েছে বলে জানানো হয়। এ বিষয়ে পুলিশ মামলা দায়ের করেছে এবং তদন্ত অব্যাহত রয়েছে। স্থানীয় সূত্রে জানা যায় এলাকায় বিভিন্ন কার্যক্রম চলমান রয়েছে এবং সংশ্লিষ্ট কর্তৃপক্ষ বিষয়টি খতিয়ে দেখছে। জেলা প্রশাসনের পক্ষ থেকে প্রয়োজনীয় ব্যবস্থা গ্রহণ করা হয়েছে বলে জানানো হয়। এ বিষয়ে পুলিশ মামলা দায়ের করেছে এবং তদন্ত অব্যাহত রয়েছে। স্থানীয় সূত্রে জানা যায় এলাকায় বিভিন্ন কার্যক্রম চলমান রয়েছে এবং সংশ্লিষ্ট কর্তৃপক্ষ বিষয়টি খতিয়ে দেখছে। জেলা প্রশাসনের পক্ষ থেকে প্রয়োজনীয় ব্যবস্থা গ্রহণ করা হয়েছে বলে জানানো হয়। এ বিষয়ে পুলিশ মামলা দায়ের করেছে এবং তদন্ত অব্যাহত রয়েছে। স্থানীয় সূত্রে জানা যায় এলাকায় বিভিন্ন কার্যক্রম চলমান রয়েছে এবং সংশ্লিষ্ট কর্তৃপক্ষ বিষয়টি খতিয়ে দেখছে। জেলা প্রশাসনের পক্ষ থেকে প্রয়োজনীয় ব্যবস্থা গ্রহণ করা হয়েছে বলে জানানো হয়। এ বিষয়ে পুলিশ মামলা দায়ের করেছে এবং তদন্ত অব্যাহত রয়েছে। স্থানীয় সূত্রে জানা যায় এলাকায় বিভিন্ন কার্যক্রম চলমান রয়েছে এবং সংশ্লিষ্ট কর্তৃপক্ষ বিষয়টি খতিয়ে দেখছে। জেলা প্রশাসনের পক্ষ থেকে প্রয়োজনীয় ব্যবস্থা গ্রহণ করা হয়েছে বলে জানানো হয়। এ বিষয়ে পুলিশ মামলা দায়ের করেছে এবং তদন্ত অব্যাহত রয়েছে। স্থানীয় সূত্রে জানা যায় এলাকায় বিভিন্ন কার্যক্রম চলমান রয়েছে এবং সংশ্লিষ্ট কর্তৃপক্ষ বিষয়টি খতিয়ে দেখছে। জেলা প্রশাসনের পক্ষ থেকে প্রয়োজনীয় ব্যবস্থা গ্রহণ করা হয়েছে বলে জানানো হয়। এ বিষয়ে পুলিশ মামলা দায়ের করেছে এবং তদন্ত অব্যাহত রয়েছে। স্থানীয় সূত্রে জানা যায় এলাকায় বিভিন্ন কার্যক্রম চলমান রয়েছে এবং সংশ্লিষ্ট কর্তৃপক্ষ বিষয়টি খতিয়ে দেখছে। জেলা প্রশাসনের পক্ষ থেকে প্রয়োজনীয় ব্যবস্থা গ্রহণ করা হয়েছে বলে জানানো হয়। এ বিষয়ে পুলিশ মামলা দায়ের করেছে এবং তদন্ত অব্যাহত রয়েছে। স্থানীয় সূত্রে জানা যায় এলাকায় বিভিন্ন কার্যক্রম চলমান রয়েছে এবং সংশ্লিষ্ট কর্তৃপক্ষ বিষয়টি খতিয়ে দেখছে। জেলা প্রশাসনের পক্ষ থেকে প্রয়োজনীয় ব্যবস্থা গ্রহণ করা হয়েছে বলে জানানো হয়। এ বিষয়ে পুলিশ মামলা দায়ের করেছে এবং তদন্ত অব্যাহত রয়েছে। স্থানীয় সূত্রে জানা যায় এলাকায় বিভিন্ন কার্যক্রম চলমান রয়েছে এবং সংশ্লিষ্ট কর্তৃপক্ষ বিষয়টি খতিয়ে দেখছে। জেলা প্রশাসনের পক্ষ থেকে প্রয়োজনীয় ব্যবস্থা গ্রহণ করা হয়েছে বলে জানানো হয়। এ বিষয়ে পুলিশ মামলা দায়ের করেছে এবং তদন্ত অব্যাহত রয়েছে। স্থানীয় সূত্রে জানা যায় এলাকায় বিভিন্ন কার্যক্রম চলমান রয়েছে এবং সংশ্লিষ্ট কর্তৃপক্ষ বিষয়টি খতিয়ে দেখছে। জেলা প্রশাসনের পক্ষ থেকে প্রয়োজনীয় ব্যবস্থা গ্রহণ করা হয়েছে বলে জানানো হয়। এ বিষয়ে পুলিশ মামলা দায়ের করেছে এবং তদন্ত অব্যাহত রয়েছে।
নির্দেশনা মানছে না
(শেষ পাতার পর)
স্থানীয় সূত্রে জানা যায় এলাকায় বিভিন্ন কার্যক্রম চলমান রয়েছে এবং সংশ্লিষ্ট কর্তৃপক্ষ বিষয়টি খতিয়ে দেখছে। জেলা প্রশাসনের পক্ষ থেকে প্রয়োজনীয় ব্যবস্থা গ্রহণ করা হয়েছে বলে জানানো হয়। এ বিষয়ে পুলিশ মামলা দায়ের করেছে এবং তদন্ত অব্যাহত রয়েছে। স্থানীয় সূত্রে জানা যায় এলাকায় বিভিন্ন কার্যক্রম চলমান রয়েছে এবং সংশ্লিষ্ট কর্তৃপক্ষ বিষয়টি খতিয়ে দেখছে। জেলা প্রশাসনের পক্ষ থেকে প্রয়োজনীয় ব্যবস্থা গ্রহণ করা হয়েছে বলে জানানো হয়। এ বিষয়ে পুলিশ মামলা দায়ের করেছে এবং তদন্ত অব্যাহত রয়েছে। স্থানীয় সূত্রে জানা যায় এলাকায় বিভিন্ন কার্যক্রম চলমান রয়েছে এবং সংশ্লিষ্ট কর্তৃপক্ষ বিষয়টি খতিয়ে দেখছে। জেলা প্রশাসনের পক্ষ থেকে প্রয়োজনীয় ব্যবস্থা গ্রহণ করা হয়েছে বলে জানানো হয়। এ বিষয়ে পুলিশ মামলা দায়ের করেছে এবং তদন্ত অব্যাহত রয়েছে। স্থানীয় সূত্রে জানা যায় এলাকায় বিভিন্ন কার্যক্রম চলমান রয়েছে এবং সংশ্লিষ্ট কর্তৃপক্ষ বিষয়টি খতিয়ে দেখছে। জেলা প্রশাসনের পক্ষ থেকে প্রয়োজনীয় ব্যবস্থা গ্রহণ করা হয়েছে বলে জানানো হয়। এ বিষয়ে পুলিশ মামলা দায়ের করেছে এবং তদন্ত অব্যাহত রয়েছে। স্থানীয় সূত্রে জানা যায় এলাকায় বিভিন্ন কার্যক্রম চলমান রয়েছে এবং সংশ্লিষ্ট কর্তৃপক্ষ বিষয়টি খতিয়ে দেখছে। জেলা প্রশাসনের পক্ষ থেকে প্রয়োজনীয় ব্যবস্থা গ্রহণ করা হয়েছে বলে জানানো হয়। এ বিষয়ে পুলিশ মামলা দায়ের করেছে এবং তদন্ত অব্যাহত রয়েছে। স্থানীয় সূত্রে জানা যায় এলাকায় বিভিন্ন কার্যক্রম চলমান রয়েছে এবং সংশ্লিষ্ট কর্তৃপক্ষ বিষয়টি খতিয়ে দেখছে। জেলা প্রশাসনের পক্ষ থেকে প্রয়োজনীয় ব্যবস্থা গ্রহণ করা হয়েছে বলে জানানো হয়। এ বিষয়ে পুলিশ মামলা দায়ের করেছে এবং তদন্ত অব্যাহত রয়েছে। স্থানীয় সূত্রে জানা যায় এলাকায় বিভিন্ন কার্যক্রম চলমান রয়েছে এবং সংশ্লিষ্ট কর্তৃপক্ষ বিষয়টি খতিয়ে দেখছে। জেলা প্রশাসনের পক্ষ থেকে প্রয়োজনীয় ব্যবস্থা গ্রহণ করা হয়েছে বলে জানানো হয়। এ বিষয়ে পুলিশ মামলা দায়ের করেছে এবং তদন্ত অব্যাহত রয়েছে। স্থানীয় সূত্রে জানা যায় এলাকায় বিভিন্ন কার্যক্রম চলমান রয়েছে এবং সংশ্লিষ্ট কর্তৃপক্ষ বিষয়টি খতিয়ে দেখছে। জেলা প্রশাসনের পক্ষ থেকে প্রয়োজনীয় ব্যবস্থা গ্রহণ করা হয়েছে বলে জানানো হয়। এ বিষয়ে পুলিশ মামলা দায়ের করেছে এবং তদন্ত অব্যাহত রয়েছে। স্থানীয় সূত্রে জানা যায় এলাকায় বিভিন্ন কার্যক্রম চলমান রয়েছে এবং সংশ্লিষ্ট কর্তৃপক্ষ বিষয়টি খতিয়ে দেখছে। জেলা প্রশাসনের পক্ষ থেকে প্রয়োজনীয় ব্যবস্থা গ্রহণ করা হয়েছে বলে জানানো হয়। এ বিষয়ে পুলিশ মামলা দায়ের করেছে এবং তদন্ত অব্যাহত রয়েছে। স্থানীয় সূত্রে জানা যায় এলাকায় বিভিন্ন কার্যক্রম চলমান রয়েছে এবং সংশ্লিষ্ট কর্তৃপক্ষ বিষয়টি খতিয়ে দেখছে। জেলা প্রশাসনের পক্ষ থেকে প্রয়োজনীয় ব্যবস্থা গ্রহণ করা হয়েছে বলে জানানো হয়। এ বিষয়ে পুলিশ মামলা দায়ের করেছে এবং তদন্ত অব্যাহত রয়েছে। স্থানীয় সূত্রে জানা যায় এলাকায় বিভিন্ন কার্যক্রম চলমান রয়েছে এবং সংশ্লিষ্ট কর্তৃপক্ষ বিষয়টি খতিয়ে দেখছে। জেলা প্রশাসনের পক্ষ থেকে প্রয়োজনীয় ব্যবস্থা গ্রহণ করা হয়েছে বলে জানানো হয়। এ বিষয়ে পুলিশ মামলা দায়ের করেছে এবং তদন্ত অব্যাহত রয়েছে। স্থানীয় সূত্রে জানা যায় এলাকায় বিভিন্ন কার্যক্রম চলমান রয়েছে এবং সংশ্লিষ্ট কর্তৃপক্ষ বিষয়টি খতিয়ে দেখছে। জেলা প্রশাসনের পক্ষ থেকে প্রয়োজনীয় ব্যবস্থা গ্রহণ করা হয়েছে বলে জানানো হয়। এ বিষয়ে পুলিশ মামলা দায়ের করেছে এবং তদন্ত অব্যাহত রয়েছে। স্থানীয় সূত্রে জানা যায় এলাকায় বিভিন্ন কার্যক্রম চলমান রয়েছে এবং সংশ্লিষ্ট কর্তৃপক্ষ বিষয়টি খতিয়ে দেখছে। জেলা প্রশাসনের পক্ষ থেকে প্রয়োজনীয় ব্যবস্থা গ্রহণ করা হয়েছে বলে জানানো হয়। এ বিষয়ে পুলিশ মামলা দায়ের করেছে এবং তদন্ত অব্যাহত রয়েছে। স্থানীয় সূত্রে জানা যায় এলাকায় বিভিন্ন কার্যক্রম চলমান রয়েছে এবং সংশ্লিষ্ট কর্তৃপক্ষ বিষয়টি খতিয়ে দেখছে। জেলা প্রশাসনের পক্ষ থেকে প্রয়োজনীয় ব্যবস্থা গ্রহণ করা হয়েছে বলে জানানো হয়। এ বিষয়ে পুলিশ মামলা দায়ের করেছে এবং তদন্ত অব্যাহত রয়েছে। স্থানীয় সূত্রে জানা যায় এলাকায় বিভিন্ন কার্যক্রম চলমান রয়েছে এবং সংশ্লিষ্ট কর্তৃপক্ষ বিষয়টি খতিয়ে দেখছে। জেলা প্রশাসনের পক্ষ থেকে প্রয়োজনীয় ব্যবস্থা গ্রহণ করা হয়েছে বলে জানানো হয়। এ বিষয়ে পুলিশ মামলা দায়ের করেছে এবং তদন্ত অব্যাহত রয়েছে। স্থানীয় সূত্রে জানা যায় এলাকায় বিভিন্ন কার্যক্রম চলমান রয়েছে এবং সংশ্লিষ্ট কর্তৃপক্ষ বিষয়টি খতিয়ে দেখছে। জেলা প্রশাসনের পক্ষ থেকে প্রয়োজনীয় ব্যবস্থা গ্রহণ করা হয়েছে বলে জানানো হয়। এ বিষয়ে পুলিশ মামলা দায়ের করেছে এবং তদন্ত অব্যাহত রয়েছে।
দা দিয়ে পুলিশের
(শেষ পাতার পর)
স্থানীয় সূত্রে জানা যায় এলাকায় বিভিন্ন কার্যক্রম চলমান রয়েছে এবং সংশ্লিষ্ট কর্তৃপক্ষ বিষয়টি খতিয়ে দেখছে। জেলা প্রশাসনের পক্ষ থেকে প্রয়োজনীয় ব্যবস্থা গ্রহণ করা হয়েছে বলে জানানো হয়। এ বিষয়ে পুলিশ মামলা দায়ের করেছে এবং তদন্ত অব্যাহত রয়েছে। স্থানীয় সূত্রে জানা যায় এলাকায় বিভিন্ন কার্যক্রম চলমান রয়েছে এবং সংশ্লিষ্ট কর্তৃপক্ষ বিষয়টি খতিয়ে দেখছে। জেলা প্রশাসনের পক্ষ থেকে প্রয়োজনীয় ব্যবস্থা গ্রহণ করা হয়েছে বলে জানানো হয়। এ বিষয়ে পুলিশ মামলা দায়ের করেছে এবং তদন্ত অব্যাহত রয়েছে। স্থানীয় সূত্রে জানা যায় এলাকায় বিভিন্ন কার্যক্রম চলমান রয়েছে এবং সংশ্লিষ্ট কর্তৃপক্ষ বিষয়টি খতিয়ে দেখছে। জেলা প্রশাসনের পক্ষ থেকে প্রয়োজনীয় ব্যবস্থা গ্রহণ করা হয়েছে বলে জানানো হয়। এ বিষয়ে পুলিশ মামলা দায়ের করেছে এবং তদন্ত অব্যাহত রয়েছে। স্থানীয় সূত্রে জানা যায় এলাকায় বিভিন্ন কার্যক্রম চলমান রয়েছে এবং সংশ্লিষ্ট কর্তৃপক্ষ বিষয়টি খতিয়ে দেখছে। জেলা প্রশাসনের পক্ষ থেকে প্রয়োজনীয় ব্যবস্থা গ্রহণ করা হয়েছে বলে জানানো হয়। এ বিষয়ে পুলিশ মামলা দায়ের করেছে এবং তদন্ত অব্যাহত রয়েছে। স্থানীয় সূত্রে জানা যায় এলাকায় বিভিন্ন কার্যক্রম চলমান রয়েছে এবং সংশ্লিষ্ট কর্তৃপক্ষ বিষয়টি খতিয়ে দেখছে। জেলা প্রশাসনের পক্ষ থেকে প্রয়োজনীয় ব্যবস্থা গ্রহণ করা হয়েছে বলে জানানো হয়। এ বিষয়ে পুলিশ মামলা দায়ের করেছে এবং তদন্ত অব্যাহত রয়েছে। স্থানীয় সূত্রে জানা যায় এলাকায় বিভিন্ন কার্যক্রম চলমান রয়েছে এবং সংশ্লিষ্ট কর্তৃপক্ষ বিষয়টি খতিয়ে দেখছে। জেলা প্রশাসনের পক্ষ থেকে প্রয়োজনীয় ব্যবস্থা গ্রহণ করা হয়েছে বলে জানানো হয়। এ বিষয়ে পুলিশ মামলা দায়ের করেছে এবং তদন্ত অব্যাহত রয়েছে। স্থানীয় সূত্রে জানা যায় এলাকায় বিভিন্ন কার্যক্রম চলমান রয়েছে এবং সংশ্লিষ্ট কর্তৃপক্ষ বিষয়টি খতিয়ে দেখছে। জেলা প্রশাসনের পক্ষ থেকে প্রয়োজনীয় ব্যবস্থা গ্রহণ করা হয়েছে বলে জানানো হয়। এ বিষয়ে পুলিশ মামলা দায়ের করেছে এবং তদন্ত অব্যাহত রয়েছে। স্থানীয় সূত্রে জানা যায় এলাকায় বিভিন্ন কার্যক্রম চলমান রয়েছে এবং সংশ্লিষ্ট কর্তৃপক্ষ বিষয়টি খতিয়ে দেখছে। জেলা প্রশাসনের পক্ষ থেকে প্রয়োজনীয় ব্যবস্থা গ্রহণ করা হয়েছে বলে জানানো হয়। এ বিষয়ে পুলিশ মামলা দায়ের করেছে এবং তদন্ত অব্যাহত রয়েছে। স্থানীয় সূত্রে জানা যায় এলাকায় বিভিন্ন কার্যক্রম চলমান রয়েছে এবং সংশ্লিষ্ট কর্তৃপক্ষ বিষয়টি খতিয়ে দেখছে। জেলা প্রশাসনের পক্ষ থেকে প্রয়োজনীয় ব্যবস্থা গ্রহণ করা হয়েছে বলে জানানো হয়। এ বিষয়ে পুলিশ মামলা দায়ের করেছে এবং তদন্ত অব্যাহত রয়েছে। স্থানীয় সূত্রে জানা যায় এলাকায় বিভিন্ন কার্যক্রম চলমান রয়েছে এবং সংশ্লিষ্ট কর্তৃপক্ষ বিষয়টি খতিয়ে দেখছে। জেলা প্রশাসনের পক্ষ থেকে প্রয়োজনীয় ব্যবস্থা গ্রহণ করা হয়েছে বলে জানানো হয়। এ বিষয়ে পুলিশ মামলা দায়ের করেছে এবং তদন্ত অব্যাহত রয়েছে। স্থানীয় সূত্রে জানা যায় এলাকায় বিভিন্ন কার্যক্রম চলমান রয়েছে এবং সংশ্লিষ্ট কর্তৃপক্ষ বিষয়টি খতিয়ে দেখছে। জেলা প্রশাসনের পক্ষ থেকে প্রয়োজনীয় ব্যবস্থা গ্রহণ করা হয়েছে বলে জানানো হয়। এ বিষয়ে পুলিশ মামলা দায়ের করেছে এবং তদন্ত অব্যাহত রয়েছে। স্থানীয় সূত্রে জানা যায় এলাকায় বিভিন্ন কার্যক্রম চলমান রয়েছে এবং সংশ্লিষ্ট কর্তৃপক্ষ বিষয়টি খতিয়ে দেখছে। জেলা প্রশাসনের পক্ষ থেকে প্রয়োজনীয় ব্যবস্থা গ্রহণ করা হয়েছে বলে জানানো হয়। এ বিষয়ে পুলিশ মামলা দায়ের করেছে এবং তদন্ত অব্যাহত রয়েছে। স্থানীয় সূত্রে জানা যায় এলাকায় বিভিন্ন কার্যক্রম চলমান রয়েছে এবং সংশ্লিষ্ট কর্তৃপক্ষ বিষয়টি খতিয়ে দেখছে। জেলা প্রশাসনের পক্ষ থেকে প্রয়োজনীয় ব্যবস্থা গ্রহণ করা হয়েছে বলে জানানো হয়। এ বিষয়ে পুলিশ মামলা দায়ের করেছে এবং তদন্ত অব্যাহত রয়েছে। স্থানীয় সূত্রে জানা যায় এলাকায় বিভিন্ন কার্যক্রম চলমান রয়েছে এবং সংশ্লিষ্ট কর্তৃপক্ষ বিষয়টি খতিয়ে দেখছে। জেলা প্রশাসনের পক্ষ থেকে প্রয়োজনীয় ব্যবস্থা গ্রহণ করা হয়েছে বলে জানানো হয়। এ বিষয়ে পুলিশ মামলা দায়ের করেছে এবং তদন্ত অব্যাহত রয়েছে। স্থানীয় সূত্রে জানা যায় এলাকায় বিভিন্ন কার্যক্রম চলমান রয়েছে এবং সংশ্লিষ্ট কর্তৃপক্ষ বিষয়টি খতিয়ে দেখছে। জেলা প্রশাসনের পক্ষ থেকে প্রয়োজনীয় ব্যবস্থা গ্রহণ করা হয়েছে বলে জানানো হয়। এ বিষয়ে পুলিশ মামলা দায়ের করেছে এবং তদন্ত অব্যাহত রয়েছে। স্থানীয় সূত্রে জানা যায় এলাকায় বিভিন্ন কার্যক্রম চলমান রয়েছে এবং সংশ্লিষ্ট কর্তৃপক্ষ বিষয়টি খতিয়ে দেখছে। জেলা প্রশাসনের পক্ষ থেকে প্রয়োজনীয় ব্যবস্থা গ্রহণ করা হয়েছে বলে জানানো হয়। এ বিষয়ে পুলিশ মামলা দায়ের করেছে এবং তদন্ত অব্যাহত রয়েছে। স্থানীয় সূত্রে জানা যায় এলাকায় বিভিন্ন কার্যক্রম চলমান রয়েছে এবং সংশ্লিষ্ট কর্তৃপক্ষ বিষয়টি খতিয়ে দেখছে। জেলা প্রশাসনের পক্ষ থেকে প্রয়োজনীয় ব্যবস্থা গ্রহণ করা হয়েছে বলে জানানো হয়। এ বিষয়ে পুলিশ মামলা দায়ের করেছে এবং তদন্ত অব্যাহত রয়েছে। স্থানীয় সূত্রে জানা যায় এলাকায় বিভিন্ন কার্যক্রম চলমান রয়েছে এবং সংশ্লিষ্ট কর্তৃপক্ষ বিষয়টি খতিয়ে দেখছে। জেলা প্রশাসনের পক্ষ থেকে প্রয়োজনীয় ব্যবস্থা গ্রহণ করা হয়েছে বলে জানানো হয়। এ বিষয়ে পুলিশ মামলা দায়ের করেছে এবং তদন্ত অব্যাহত রয়েছে। স্থানীয় সূত্রে জানা যায় এলাকায় বিভিন্ন কার্যক্রম চলমান রয়েছে এবং সংশ্লিষ্ট কর্তৃপক্ষ বিষয়টি খতিয়ে দেখছে। জেলা প্রশাসনের পক্ষ থেকে প্রয়োজনীয় ব্যবস্থা গ্রহণ করা হয়েছে বলে জানানো হয়। এ বিষয়ে পুলিশ মামলা দায়ের করেছে এবং তদন্ত অব্যাহত রয়েছে। স্থানীয় সূত্রে জানা যায় এলাকায় বিভিন্ন কার্যক্রম চলমান রয়েছে এবং সংশ্লিষ্ট কর্তৃপক্ষ বিষয়টি খতিয়ে দেখছে। জেলা প্রশাসনের পক্ষ থেকে প্রয়োজনীয় ব্যবস্থা গ্রহণ করা হয়েছে বলে জানানো হয়। এ বিষয়ে পুলিশ মামলা দায়ের করেছে এবং তদন্ত অব্যাহত রয়েছে।
বেসরকারিভাবে আমদানি
(শেষ পাতার পর)
স্থানীয় সূত্রে জানা যায় এলাকায় বিভিন্ন কার্যক্রম চলমান রয়েছে এবং সংশ্লিষ্ট কর্তৃপক্ষ বিষয়টি খতিয়ে দেখছে। জেলা প্রশাসনের পক্ষ থেকে প্রয়োজনীয় ব্যবস্থা গ্রহণ করা হয়েছে বলে জানানো হয়। এ বিষয়ে পুলিশ মামলা দায়ের করেছে এবং তদন্ত অব্যাহত রয়েছে। স্থানীয় সূত্রে জানা যায় এলাকায় বিভিন্ন কার্যক্রম চলমান রয়েছে এবং সংশ্লিষ্ট কর্তৃপক্ষ বিষয়টি খতিয়ে দেখছে। জেলা প্রশাসনের পক্ষ থেকে প্রয়োজনীয় ব্যবস্থা গ্রহণ করা হয়েছে বলে জানানো হয়। এ বিষয়ে পুলিশ মামলা দায়ের করেছে এবং তদন্ত অব্যাহত রয়েছে। স্থানীয় সূত্রে জানা যায় এলাকায় বিভিন্ন কার্যক্রম চলমান রয়েছে এবং সংশ্লিষ্ট কর্তৃপক্ষ বিষয়টি খতিয়ে দেখছে। জেলা প্রশাসনের পক্ষ থেকে প্রয়োজনীয় ব্যবস্থা গ্রহণ করা হয়েছে বলে জানানো হয়। এ বিষয়ে পুলিশ মামলা দায়ের করেছে এবং তদন্ত অব্যাহত রয়েছে। স্থানীয় সূত্রে জানা যায় এলাকায় বিভিন্ন কার্যক্রম চলমান রয়েছে এবং সংশ্লিষ্ট কর্তৃপক্ষ বিষয়টি খতিয়ে দেখছে। জেলা প্রশাসনের পক্ষ থেকে প্রয়োজনীয় ব্যবস্থা গ্রহণ করা হয়েছে বলে জানানো হয়। এ বিষয়ে পুলিশ মামলা দায়ের করেছে এবং তদন্ত অব্যাহত রয়েছে। স্থানীয় সূত্রে জানা যায় এলাকায় বিভিন্ন কার্যক্রম চলমান রয়েছে এবং সংশ্লিষ্ট কর্তৃপক্ষ বিষয়টি খতিয়ে দেখছে। জেলা প্রশাসনের পক্ষ থেকে প্রয়োজনীয় ব্যবস্থা গ্রহণ করা হয়েছে বলে জানানো হয়। এ বিষয়ে পুলিশ মামলা দায়ের করেছে এবং তদন্ত অব্যাহত রয়েছে। স্থানীয় সূত্রে জানা যায় এলাকায় বিভিন্ন কার্যক্রম চলমান রয়েছে এবং সংশ্লিষ্ট কর্তৃপক্ষ বিষয়টি খতিয়ে দেখছে। জেলা প্রশাসনের পক্ষ থেকে প্রয়োজনীয় ব্যবস্থা গ্রহণ করা হয়েছে বলে জানানো হয়। এ বিষয়ে পুলিশ মামলা দায়ের করেছে এবং তদন্ত অব্যাহত রয়েছে। স্থানীয় সূত্রে জানা যায় এলাকায় বিভিন্ন কার্যক্রম চলমান রয়েছে এবং সংশ্লিষ্ট কর্তৃপক্ষ বিষয়টি খতিয়ে দেখছে। জেলা প্রশাসনের পক্ষ থেকে প্রয়োজনীয় ব্যবস্থা গ্রহণ করা হয়েছে বলে জানানো হয়। এ বিষয়ে পুলিশ মামলা দায়ের করেছে এবং তদন্ত অব্যাহত রয়েছে। স্থানীয় সূত্রে জানা যায় এলাকায় বিভিন্ন কার্যক্রম চলমান রয়েছে এবং সংশ্লিষ্ট কর্তৃপক্ষ বিষয়টি খতিয়ে দেখছে। জেলা প্রশাসনের পক্ষ থেকে প্রয়োজনীয় ব্যবস্থা গ্রহণ করা হয়েছে বলে জানানো হয়। এ বিষয়ে পুলিশ মামলা দায়ের করেছে এবং তদন্ত অব্যাহত রয়েছে।
শফিউল আলম প্রধানের পঞ্চম মৃত্যুবার্ষিকী আজ
স্থানীয় সূত্রে জানা যায় এলাকায় বিভিন্ন কার্যক্রম চলমান রয়েছে এবং সংশ্লিষ্ট কর্তৃপক্ষ বিষয়টি খতিয়ে দেখছে। জেলা প্রশাসনের পক্ষ থেকে প্রয়োজনীয় ব্যবস্থা গ্রহণ করা হয়েছে বলে জানানো হয়। এ বিষয়ে পুলিশ মামলা দায়ের করেছে এবং তদন্ত অব্যাহত রয়েছে। স্থানীয় সূত্রে জানা যায় এলাকায় বিভিন্ন কার্যক্রম চলমান রয়েছে এবং সংশ্লিষ্ট কর্তৃপক্ষ বিষয়টি খতিয়ে দেখছে। জেলা প্রশাসনের পক্ষ থেকে প্রয়োজনীয় ব্যবস্থা গ্রহণ করা হয়েছে বলে জানানো হয়। এ বিষয়ে পুলিশ মামলা দায়ের করেছে এবং তদন্ত অব্যাহত রয়েছে। স্থানীয় সূত্রে জানা যায় এলাকায় বিভিন্ন কার্যক্রম চলমান রয়েছে এবং সংশ্লিষ্ট কর্তৃপক্ষ বিষয়টি খতিয়ে দেখছে। জেলা প্রশাসনের পক্ষ থেকে প্রয়োজনীয় ব্যবস্থা গ্রহণ করা হয়েছে বলে জানানো হয়। এ বিষয়ে পুলিশ মামলা দায়ের করেছে এবং তদন্ত অব্যাহত রয়েছে। স্থানীয় সূত্রে জানা যায় এলাকায় বিভিন্ন কার্যক্রম চলমান রয়েছে এবং সংশ্লিষ্ট কর্তৃপক্ষ বিষয়টি খতিয়ে দেখছে। জেলা প্রশাসনের পক্ষ থেকে প্রয়োজনীয় ব্যবস্থা গ্রহণ করা হয়েছে বলে জানানো হয়। এ বিষয়ে পুলিশ মামলা দায়ের করেছে এবং তদন্ত অব্যাহত রয়েছে। স্থানীয় সূত্রে জানা যায় এলাকায় বিভিন্ন কার্যক্রম চলমান রয়েছে এবং সংশ্লিষ্ট কর্তৃপক্ষ বিষয়টি খতিয়ে দেখছে। জেলা প্রশাসনের পক্ষ থেকে প্রয়োজনীয় ব্যবস্থা গ্রহণ করা হয়েছে বলে জানানো হয়। এ বিষয়ে পুলিশ মামলা দায়ের করেছে এবং তদন্ত অব্যাহত রয়েছে। স্থানীয় সূত্রে জানা যায় এলাকায় বিভিন্ন কার্যক্রম চলমান রয়েছে এবং সংশ্লিষ্ট কর্তৃপক্ষ বিষয়টি খতিয়ে দেখছে। জেলা প্রশাসনের পক্ষ থেকে প্রয়োজনীয় ব্যবস্থা গ্রহণ করা হয়েছে বলে জানানো হয়। এ বিষয়ে পুলিশ মামলা দায়ের করেছে এবং তদন্ত অব্যাহত রয়েছে। স্থানীয় সূত্রে জানা যায় এলাকায় বিভিন্ন কার্যক্রম চলমান রয়েছে এবং সংশ্লিষ্ট কর্তৃপক্ষ বিষয়টি খতিয়ে দেখছে। জেলা প্রশাসনের পক্ষ থেকে প্রয়োজনীয় ব্যবস্থা গ্রহণ করা হয়েছে বলে জানানো হয়। এ বিষয়ে পুলিশ মামলা দায়ের করেছে এবং তদন্ত অব্যাহত রয়েছে। স্থানীয় সূত্রে জানা যায় এলাকায় বিভিন্ন কার্যক্রম চলমান রয়েছে এবং সংশ্লিষ্ট কর্তৃপক্ষ বিষয়টি খতিয়ে দেখছে। জেলা প্রশাসনের পক্ষ থেকে প্রয়োজনীয় ব্যবস্থা গ্রহণ করা হয়েছে বলে জানানো হয়। এ বিষয়ে পুলিশ মামলা দায়ের করেছে এবং তদন্ত অব্যাহত রয়েছে। স্থানীয় সূত্রে জানা যায় এলাকায় বিভিন্ন কার্যক্রম চলমান রয়েছে এবং সংশ্লিষ্ট কর্তৃপক্ষ বিষয়টি খতিয়ে দেখছে। জেলা প্রশাসনের পক্ষ থেকে প্রয়োজনীয় ব্যবস্থা গ্রহণ করা হয়েছে বলে জানানো হয়। এ বিষয়ে পুলিশ মামলা দায়ের করেছে এবং তদন্ত অব্যাহত রয়েছে। স্থানীয় সূত্রে জানা যায় এলাকায় বিভিন্ন কার্যক্রম চলমান রয়েছে এবং সংশ্লিষ্ট কর্তৃপক্ষ বিষয়টি খতিয়ে দেখছে। জেলা প্রশাসনের পক্ষ থেকে প্রয়োজনীয় ব্যবস্থা গ্রহণ করা হয়েছে বলে জানানো হয়। এ বিষয়ে পুলিশ মামলা দায়ের করেছে এবং তদন্ত অব্যাহত রয়েছে। স্থানীয় সূত্রে জানা যায় এলাকায় বিভিন্ন কার্যক্রম চলমান রয়েছে এবং সংশ্লিষ্ট কর্তৃপক্ষ বিষয়টি খতিয়ে দেখছে। জেলা প্রশাসনের পক্ষ থেকে প্রয়োজনীয় ব্যবস্থা গ্রহণ করা হয়েছে বলে জানানো হয়। এ বিষয়ে পুলিশ মামলা দায়ের করেছে এবং তদন্ত অব্যাহত রয়েছে। স্থানীয় সূত্রে জানা যায় এলাকায় বিভিন্ন কার্যক্রম চলমান রয়েছে এবং সংশ্লিষ্ট কর্তৃপক্ষ বিষয়টি খতিয়ে দেখছে। জেলা প্রশাসনের পক্ষ থেকে প্রয়োজনীয় ব্যবস্থা গ্রহণ করা হয়েছে বলে জানানো হয়। এ বিষয়ে পুলিশ মামলা দায়ের করেছে এবং তদন্ত অব্যাহত রয়েছে। স্থানীয় সূত্রে জানা যায় এলাকায় বিভিন্ন কার্যক্রম চলমান রয়েছে এবং সংশ্লিষ্ট কর্তৃপক্ষ বিষয়টি খতিয়ে দেখছে। জেলা প্রশাসনের পক্ষ থেকে প্রয়োজনীয় ব্যবস্থা গ্রহণ করা হয়েছে বলে জানানো হয়। এ বিষয়ে পুলিশ মামলা দায়ের করেছে এবং তদন্ত অব্যাহত রয়েছে। স্থানীয় সূত্রে জানা যায় এলাকায় বিভিন্ন কার্যক্রম চলমান রয়েছে এবং সংশ্লিষ্ট কর্তৃপক্ষ বিষয়টি খতিয়ে দেখছে। জেলা প্রশাসনের পক্ষ থেকে প্রয়োজনীয় ব্যবস্থা গ্রহণ করা হয়েছে বলে জানানো হয়। এ বিষয়ে পুলিশ মামলা দায়ের করেছে এবং তদন্ত অব্যাহত রয়েছে। স্থানীয় সূত্রে জানা যায় এলাকায় বিভিন্ন কার্যক্রম চলমান রয়েছে এবং সংশ্লিষ্ট কর্তৃপক্ষ বিষয়টি খতিয়ে দেখছে। জেলা প্রশাসনের পক্ষ থেকে প্রয়োজনীয় ব্যবস্থা গ্রহণ করা হয়েছে বলে জানানো হয়। এ বিষয়ে পুলিশ মামলা দায়ের করেছে এবং তদন্ত অব্যাহত রয়েছে। স্থানীয় সূত্রে জানা যায় এলাকায় বিভিন্ন কার্যক্রম চলমান রয়েছে এবং সংশ্লিষ্ট কর্তৃপক্ষ বিষয়টি খতিয়ে দেখছে। জেলা প্রশাসনের পক্ষ থেকে প্রয়োজনীয় ব্যবস্থা গ্রহণ করা হয়েছে বলে জানানো হয়। এ বিষয়ে পুলিশ মামলা দায়ের করেছে এবং তদন্ত অব্যাহত রয়েছে। স্থানীয় সূত্রে জানা যায় এলাকায় বিভিন্ন কার্যক্রম চলমান রয়েছে এবং সংশ্লিষ্ট কর্তৃপক্ষ বিষয়টি খতিয়ে দেখছে। জেলা প্রশাসনের পক্ষ থেকে প্রয়োজনীয় ব্যবস্থা গ্রহণ করা হয়েছে বলে জানানো হয়। এ বিষয়ে পুলিশ মামলা দায়ের করেছে এবং তদন্ত অব্যাহত রয়েছে। স্থানীয় সূত্রে জানা যায় এলাকায় বিভিন্ন কার্যক্রম চলমান রয়েছে এবং সংশ্লিষ্ট কর্তৃপক্ষ বিষয়টি খতিয়ে দেখছে। জেলা প্রশাসনের পক্ষ থেকে প্রয়োজনীয় ব্যবস্থা গ্রহণ করা হয়েছে বলে জানানো হয়। এ বিষয়ে পুলিশ মামলা দায়ের করেছে এবং তদন্ত অব্যাহত রয়েছে।
চাঁপাইনবাবগঞ্জে নৌকায়
(শেষ পাতার পর)
স্থানীয় সূত্রে জানা যায় এলাকায় বিভিন্ন কার্যক্রম চলমান রয়েছে এবং সংশ্লিষ্ট কর্তৃপক্ষ বিষয়টি খতিয়ে দেখছে। জেলা প্রশাসনের পক্ষ থেকে প্রয়োজনীয় ব্যবস্থা গ্রহণ করা হয়েছে বলে জানানো হয়। এ বিষয়ে পুলিশ মামলা দায়ের করেছে এবং তদন্ত অব্যাহত রয়েছে। স্থানীয় সূত্রে জানা যায় এলাকায় বিভিন্ন কার্যক্রম চলমান রয়েছে এবং সংশ্লিষ্ট কর্তৃপক্ষ বিষয়টি খতিয়ে দেখছে। জেলা প্রশাসনের পক্ষ থেকে প্রয়োজনীয় ব্যবস্থা গ্রহণ করা হয়েছে বলে জানানো হয়। এ বিষয়ে পুলিশ মামলা দায়ের করেছে এবং তদন্ত অব্যাহত রয়েছে। স্থানীয় সূত্রে জানা যায় এলাকায় বিভিন্ন কার্যক্রম চলমান রয়েছে এবং সংশ্লিষ্ট কর্তৃপক্ষ বিষয়টি খতিয়ে দেখছে। জেলা প্রশাসনের পক্ষ থেকে প্রয়োজনীয় ব্যবস্থা গ্রহণ করা হয়েছে বলে জানানো হয়। এ বিষয়ে পুলিশ মামলা দায়ের করেছে এবং তদন্ত অব্যাহত রয়েছে। স্থানীয় সূত্রে জানা যায় এলাকায় বিভিন্ন কার্যক্রম চলমান রয়েছে এবং সংশ্লিষ্ট কর্তৃপক্ষ বিষয়টি খতিয়ে দেখছে। জেলা প্রশাসনের পক্ষ থেকে প্রয়োজনীয় ব্যবস্থা গ্রহণ করা হয়েছে বলে জানানো হয়। এ বিষয়ে পুলিশ মামলা দায়ের করেছে এবং তদন্ত অব্যাহত রয়েছে। স্থানীয় সূত্রে জানা যায় এলাকায় বিভিন্ন কার্যক্রম চলমান রয়েছে এবং সংশ্লিষ্ট কর্তৃপক্ষ বিষয়টি খতিয়ে দেখছে। জেলা প্রশাসনের পক্ষ থেকে প্রয়োজনীয় ব্যবস্থা গ্রহণ করা হয়েছে বলে জানানো হয়। এ বিষয়ে পুলিশ মামলা দায়ের করেছে এবং তদন্ত অব্যাহত রয়েছে। স্থানীয় সূত্রে জানা যায় এলাকায় বিভিন্ন কার্যক্রম চলমান রয়েছে এবং সংশ্লিষ্ট কর্তৃপক্ষ বিষয়টি খতিয়ে দেখছে। জেলা প্রশাসনের পক্ষ থেকে প্রয়োজনীয় ব্যবস্থা গ্রহণ করা হয়েছে বলে জানানো হয়। এ বিষয়ে পুলিশ মামলা দায়ের করেছে এবং তদন্ত অব্যাহত রয়েছে। স্থানীয় সূত্রে জানা যায় এলাকায় বিভিন্ন কার্যক্রম চলমান রয়েছে এবং সংশ্লিষ্ট কর্তৃপক্ষ বিষয়টি খতিয়ে দেখছে। জেলা প্রশাসনের পক্ষ থেকে প্রয়োজনীয় ব্যবস্থা গ্রহণ করা হয়েছে বলে জানানো হয়। এ বিষয়ে পুলিশ মামলা দায়ের করেছে এবং তদন্ত অব্যাহত রয়েছে। স্থানীয় সূত্রে জানা যায় এলাকায় বিভিন্ন কার্যক্রম চলমান রয়েছে এবং সংশ্লিষ্ট কর্তৃপক্ষ বিষয়টি খতিয়ে দেখছে। জেলা প্রশাসনের পক্ষ থেকে প্রয়োজনীয় ব্যবস্থা গ্রহণ করা হয়েছে বলে জানানো হয়। এ বিষয়ে পুলিশ মামলা দায়ের করেছে এবং তদন্ত অব্যাহত রয়েছে। স্থানীয় সূত্রে জানা যায় এলাকায় বিভিন্ন কার্যক্রম চলমান রয়েছে এবং সংশ্লিষ্ট কর্তৃপক্ষ বিষয়টি খতিয়ে দেখছে। জেলা প্রশাসনের পক্ষ থেকে প্রয়োজনীয় ব্যবস্থা গ্রহণ করা হয়েছে বলে জানানো হয়। এ বিষয়ে পুলিশ মামলা দায়ের করেছে এবং তদন্ত অব্যাহত রয়েছে। স্থানীয় সূত্রে জানা যায় এলাকায় বিভিন্ন কার্যক্রম চলমান রয়েছে এবং সংশ্লিষ্ট কর্তৃপক্ষ বিষয়টি খতিয়ে দেখছে। জেলা প্রশাসনের পক্ষ থেকে প্রয়োজনীয় ব্যবস্থা গ্রহণ করা হয়েছে বলে জানানো হয়। এ বিষয়ে পুলিশ মামলা দায়ের করেছে এবং তদন্ত অব্যাহত রয়েছে। স্থানীয় সূত্রে জানা যায় এলাকায় বিভিন্ন কার্যক্রম চলমান রয়েছে এবং সংশ্লিষ্ট কর্তৃপক্ষ বিষয়টি খতিয়ে দেখছে। জেলা প্রশাসনের পক্ষ থেকে প্রয়োজনীয় ব্যবস্থা গ্রহণ করা হয়েছে বলে জানানো হয়। এ বিষয়ে পুলিশ মামলা দায়ের করেছে এবং তদন্ত অব্যাহত রয়েছে। স্থানীয় সূত্রে জানা যায় এলাকায় বিভিন্ন কার্যক্রম চলমান রয়েছে এবং সংশ্লিষ্ট কর্তৃপক্ষ বিষয়টি খতিয়ে দেখছে। জেলা প্রশাসনের পক্ষ থেকে প্রয়োজনীয় ব্যবস্থা গ্রহণ করা হয়েছে বলে জানানো হয়। এ বিষয়ে পুলিশ মামলা দায়ের করেছে এবং তদন্ত অব্যাহত রয়েছে। স্থানীয় সূত্রে জানা যায় এলাকায় বিভিন্ন কার্যক্রম চলমান রয়েছে এবং সংশ্লিষ্ট কর্তৃপক্ষ বিষয়টি খতিয়ে দেখছে। জেলা প্রশাসনের পক্ষ থেকে প্রয়োজনীয় ব্যবস্থা গ্রহণ করা হয়েছে বলে জানানো হয়। এ বিষয়ে পুলিশ মামলা দায়ের করেছে এবং তদন্ত অব্যাহত রয়েছে। স্থানীয় সূত্রে জানা যায় এলাকায় বিভিন্ন কার্যক্রম চলমান রয়েছে এবং সংশ্লিষ্ট কর্তৃপক্ষ বিষয়টি খতিয়ে দেখছে। জেলা প্রশাসনের পক্ষ থেকে প্রয়োজনীয় ব্যবস্থা গ্রহণ করা হয়েছে বলে জানানো হয়। এ বিষয়ে পুলিশ মামলা দায়ের করেছে এবং তদন্ত অব্যাহত রয়েছে। স্থানীয় সূত্রে জানা যায় এলাকায় বিভিন্ন কার্যক্রম চলমান রয়েছে এবং সংশ্লিষ্ট কর্তৃপক্ষ বিষয়টি খতিয়ে দেখছে। জেলা প্রশাসনের পক্ষ থেকে প্রয়োজনীয় ব্যবস্থা গ্রহণ করা হয়েছে বলে জানানো হয়। এ বিষয়ে পুলিশ মামলা দায়ের করেছে এবং তদন্ত অব্যাহত রয়েছে। স্থানীয় সূত্রে জানা যায় এলাকায় বিভিন্ন কার্যক্রম চলমান রয়েছে এবং সংশ্লিষ্ট কর্তৃপক্ষ বিষয়টি খতিয়ে দেখছে। জেলা প্রশাসনের পক্ষ থেকে প্রয়োজনীয় ব্যবস্থা গ্রহণ করা হয়েছে বলে জানানো
উল্লাপাড়ায় নিখোঁজের তিনদিন পর ভ্যান চালকের লাশ উদ্ধার
স্থানীয় সূত্রে জানা যায় এলাকায় বিভিন্ন কার্যক্রম চলমান রয়েছে এবং সংশ্লিষ্ট কর্তৃপক্ষ বিষয়টি খতিয়ে দেখছে। জেলা প্রশাসনের পক্ষ থেকে প্রয়োজনীয় ব্যবস্থা গ্রহণ করা হয়েছে বলে জানানো হয়। এ বিষয়ে পুলিশ মামলা দায়ের করেছে এবং তদন্ত অব্যাহত রয়েছে। স্থানীয় সূত্রে জানা যায় এলাকায় বিভিন্ন কার্যক্রম চলমান রয়েছে এবং সংশ্লিষ্ট কর্তৃপক্ষ বিষয়টি খতিয়ে দেখছে। জেলা প্রশাসনের পক্ষ থেকে প্রয়োজনীয় ব্যবস্থা গ্রহণ করা হয়েছে বলে জানানো হয়। এ বিষয়ে পুলিশ মামলা দায়ের করেছে এবং তদন্ত অব্যাহত রয়েছে। স্থানীয় সূত্রে জানা যায় এলাকায় বিভিন্ন কার্যক্রম চলমান রয়েছে এবং সংশ্লিষ্ট কর্তৃপক্ষ বিষয়টি খতিয়ে দেখছে। জেলা প্রশাসনের পক্ষ থেকে প্রয়োজনীয় ব্যবস্থা গ্রহণ করা হয়েছে বলে জানানো হয়। এ বিষয়ে পুলিশ মামলা দায়ের করেছে এবং তদন্ত অব্যাহত রয়েছে। স্থানীয় সূত্রে জানা যায় এলাকায় বিভিন্ন কার্যক্রম চলমান রয়েছে এবং সংশ্লিষ্ট কর্তৃপক্ষ বিষয়টি খতিয়ে দেখছে। জেলা প্রশাসনের পক্ষ থেকে প্রয়োজনীয় ব্যবস্থা গ্রহণ করা হয়েছে বলে জানানো হয়। এ বিষয়ে পুলিশ মামলা দায়ের করেছে এবং তদন্ত অব্যাহত রয়েছে। স্থানীয় সূত্রে জানা যায় এলাকায় বিভিন্ন কার্যক্রম চলমান রয়েছে এবং সংশ্লিষ্ট কর্তৃপক্ষ বিষয়টি খতিয়ে দেখছে। জেলা প্রশাসনের পক্ষ থেকে প্রয়োজনীয় ব্যবস্থা গ্রহণ করা হয়েছে বলে জানানো হয়। এ বিষয়ে পুলিশ মামলা দায়ের করেছে এবং তদন্ত অব্যাহত রয়েছে। স্থানীয় সূত্রে জানা যায় এলাকায় বিভিন্ন কার্যক্রম চলমান রয়েছে এবং সংশ্লিষ্ট কর্তৃপক্ষ বিষয়টি খতিয়ে দেখছে। জেলা প্রশাসনের পক্ষ থেকে প্রয়োজনীয় ব্যবস্থা গ্রহণ করা হয়েছে বলে জানানো হয়। এ বিষয়ে পুলিশ মামলা দায়ের করেছে এবং তদন্ত অব্যাহত রয়েছে। স্থানীয় সূত্রে জানা যায় এলাকায় বিভিন্ন কার্যক্রম চলমান রয়েছে এবং সংশ্লিষ্ট কর্তৃপক্ষ বিষয়টি খতিয়ে দেখছে। জেলা প্রশাসনের পক্ষ থেকে প্রয়োজনীয় ব্যবস্থা গ্রহণ করা হয়েছে বলে জানানো হয়। এ বিষয়ে পুলিশ মামলা দায়ের করেছে এবং তদন্ত অব্যাহত রয়েছে। স্থানীয় সূত্রে জানা যায় এলাকায় বিভিন্ন কার্যক্রম চলমান রয়েছে এবং সংশ্লিষ্ট কর্তৃপক্ষ বিষয়টি খতিয়ে দেখছে। জেলা প্রশাসনের পক্ষ থেকে প্রয়োজনীয় ব্যবস্থা গ্রহণ করা হয়েছে বলে জানানো হয়। এ বিষয়ে পুলিশ মামলা দায়ের করেছে এবং তদন্ত অব্যাহত রয়েছে। স্থানীয় সূত্রে জানা যায় এলাকায় বিভিন্ন কার্যক্রম চলমান রয়েছে এবং সংশ্লিষ্ট কর্তৃপক্ষ বিষয়টি খতিয়ে দেখছে। জেলা প্রশাসনের পক্ষ থেকে প্রয়োজনীয় ব্যবস্থা গ্রহণ করা হয়েছে বলে জানানো হয়। এ বিষয়ে পুলিশ মামলা দায়ের করেছে এবং তদন্ত অব্যাহত রয়েছে। স্থানীয় সূত্রে জানা যায় এলাকায় বিভিন্ন কার্যক্রম চলমান রয়েছে এবং সংশ্লিষ্ট কর্তৃপক্ষ বিষয়টি খতিয়ে দেখছে। জেলা প্রশাসনের পক্ষ থেকে প্রয়োজনীয় ব্যবস্থা গ্রহণ করা হয়েছে বলে জানানো হয়। এ বিষয়ে পুলিশ মামলা দায়ের করেছে এবং তদন্ত অব্যাহত রয়েছে।
ভুরুঙ্গামারীতে গর্ত থেকে বৃদ্ধের লাশ উদ্ধার
স্থানীয় সূত্রে জানা যায় এলাকায় বিভিন্ন কার্যক্রম চলমান রয়েছে এবং সংশ্লিষ্ট কর্তৃপক্ষ বিষয়টি খতিয়ে দেখছে। জেলা প্রশাসনের পক্ষ থেকে প্রয়োজনীয় ব্যবস্থা গ্রহণ করা হয়েছে বলে জানানো হয়। এ বিষয়ে পুলিশ মামলা দায়ের করেছে এবং তদন্ত অব্যাহত রয়েছে। স্থানীয় সূত্রে জানা যায় এলাকায় বিভিন্ন কার্যক্রম চলমান রয়েছে এবং সংশ্লিষ্ট কর্তৃপক্ষ বিষয়টি খতিয়ে দেখছে। জেলা প্রশাসনের পক্ষ থেকে প্রয়োজনীয় ব্যবস্থা গ্রহণ করা হয়েছে বলে জানানো হয়। এ বিষয়ে পুলিশ মামলা দায়ের করেছে এবং তদন্ত অব্যাহত রয়েছে। স্থানীয় সূত্রে জানা যায় এলাকায় বিভিন্ন কার্যক্রম চলমান রয়েছে এবং সংশ্লিষ্ট কর্তৃপক্ষ বিষয়টি খতিয়ে দেখছে। জেলা প্রশাসনের পক্ষ থেকে প্রয়োজনীয় ব্যবস্থা গ্রহণ করা হয়েছে বলে জানানো হয়। এ বিষয়ে পুলিশ মামলা দায়ের করেছে এবং তদন্ত অব্যাহত রয়েছে। স্থানীয় সূত্রে জানা যায় এলাকায় বিভিন্ন কার্যক্রম চলমান রয়েছে এবং সংশ্লিষ্ট কর্তৃপক্ষ বিষয়টি খতিয়ে দেখছে। জেলা প্রশাসনের পক্ষ থেকে প্রয়োজনীয় ব্যবস্থা গ্রহণ করা হয়েছে বলে জানানো হয়। এ বিষয়ে পুলিশ মামলা দায়ের করেছে এবং তদন্ত অব্যাহত রয়েছে। স্থানীয় সূত্রে জানা যায় এলাকায় বিভিন্ন কার্যক্রম চলমান রয়েছে এবং সংশ্লিষ্ট কর্তৃপক্ষ বিষয়টি খতিয়ে দেখছে। জেলা প্রশাসনের পক্ষ থেকে প্রয়োজনীয় ব্যবস্থা গ্রহণ করা হয়েছে বলে জানানো হয়। এ বিষয়ে পুলিশ মামলা দায়ের করেছে এবং তদন্ত অব্যাহত রয়েছে। স্থানীয় সূত্রে জানা যায় এলাকায় বিভিন্ন কার্যক্রম চলমান রয়েছে এবং সংশ্লিষ্ট কর্তৃপক্ষ বিষয়টি খতিয়ে দেখছে। জেলা প্রশাসনের পক্ষ থেকে প্রয়োজনীয় ব্যবস্থা গ্রহণ করা হয়েছে বলে জানানো হয়। এ বিষয়ে পুলিশ মামলা দায়ের করেছে এবং তদন্ত অব্যাহত রয়েছে।
লালমনিরহাটে নিখোঁজ যুবকের মরদেহ উদ্ধার
স্থানীয় সূত্রে জানা যায় এলাকায় বিভিন্ন কার্যক্রম চলমান রয়েছে এবং সংশ্লিষ্ট কর্তৃপক্ষ বিষয়টি খতিয়ে দেখছে। জেলা প্রশাসনের পক্ষ থেকে প্রয়োজনীয় ব্যবস্থা গ্রহণ করা হয়েছে বলে জানানো হয়। এ বিষয়ে পুলিশ মামলা দায়ের করেছে এবং তদন্ত অব্যাহত রয়েছে। স্থানীয় সূত্রে জানা যায় এলাকায় বিভিন্ন কার্যক্রম চলমান রয়েছে এবং সংশ্লিষ্ট কর্তৃপক্ষ বিষয়টি খতিয়ে দেখছে। জেলা প্রশাসনের পক্ষ থেকে প্রয়োজনীয় ব্যবস্থা গ্রহণ করা হয়েছে বলে জানানো হয়। এ বিষয়ে পুলিশ মামলা দায়ের করেছে এবং তদন্ত অব্যাহত রয়েছে। স্থানীয় সূত্রে জানা যায় এলাকায় বিভিন্ন কার্যক্রম চলমান রয়েছে এবং সংশ্লিষ্ট কর্তৃপক্ষ বিষয়টি খতিয়ে দেখছে। জেলা প্রশাসনের পক্ষ থেকে প্রয়োজনীয় ব্যবস্থা গ্রহণ করা হয়েছে বলে জানানো হয়। এ বিষয়ে পুলিশ মামলা দায়ের করেছে এবং তদন্ত অব্যাহত রয়েছে। স্থানীয় সূত্রে জানা যায় এলাকায় বিভিন্ন কার্যক্রম চলমান রয়েছে এবং সংশ্লিষ্ট কর্তৃপক্ষ বিষয়টি খতিয়ে দেখছে। জেলা প্রশাসনের পক্ষ থেকে প্রয়োজনীয় ব্যবস্থা গ্রহণ করা হয়েছে বলে জানানো হয়। এ বিষয়ে পুলিশ মামলা দায়ের করেছে এবং তদন্ত অব্যাহত রয়েছে। স্থানীয় সূত্রে জানা যায় এলাকায় বিভিন্ন কার্যক্রম চলমান রয়েছে এবং সংশ্লিষ্ট কর্তৃপক্ষ বিষয়টি খতিয়ে দেখছে। জেলা প্রশাসনের পক্ষ থেকে প্রয়োজনীয় ব্যবস্থা গ্রহণ করা হয়েছে বলে জানানো হয়। এ বিষয়ে পুলিশ মামলা দায়ের করেছে এবং তদন্ত অব্যাহত রয়েছে। স্থানীয় সূত্রে জানা যায় এলাকায় বিভিন্ন কার্যক্রম চলমান রয়েছে এবং সংশ্লিষ্ট কর্তৃপক্ষ বিষয়টি খতিয়ে দেখছে। জেলা প্রশাসনের পক্ষ থেকে প্রয়োজনীয় ব্যবস্থা গ্রহণ করা হয়েছে বলে জানানো হয়। এ বিষয়ে পুলিশ মামলা দায়ের করেছে এবং তদন্ত অব্যাহত রয়েছে। স্থানীয় সূত্রে জানা যায় এলাকায় বিভিন্ন কার্যক্রম চলমান রয়েছে এবং সংশ্লিষ্ট কর্তৃপক্ষ বিষয়টি খতিয়ে দেখছে। জেলা প্রশাসনের পক্ষ থেকে প্রয়োজনীয় ব্যবস্থা গ্রহণ করা হয়েছে বলে জানানো হয়। এ বিষয়ে পুলিশ মামলা দায়ের করেছে এবং তদন্ত অব্যাহত রয়েছে। স্থানীয় সূত্রে জানা যায় এলাকায় বিভিন্ন কার্যক্রম চলমান রয়েছে এবং সংশ্লিষ্ট কর্তৃপক্ষ বিষয়টি খতিয়ে দেখছে। জেলা প্রশাসনের পক্ষ থেকে প্রয়োজনীয় ব্যবস্থা গ্রহণ করা হয়েছে বলে জানানো হয়। এ বিষয়ে পুলিশ মামলা দায়ের করেছে এবং তদন্ত অব্যাহত রয়েছে। স্থানীয় সূত্রে জানা যায় এলাকায় বিভিন্ন কার্যক্রম চলমান রয়েছে এবং সংশ্লিষ্ট কর্তৃপক্ষ বিষয়টি খতিয়ে দেখছে। জেলা প্রশাসনের পক্ষ থেকে প্রয়োজনীয় ব্যবস্থা গ্রহণ করা হয়েছে বলে জানানো হয়। এ বিষয়ে পুলিশ মামলা দায়ের করেছে এবং তদন্ত অব্যাহত রয়েছে।
সড়কে ঝরল
(শেষ পাতার পর)
স্থানীয় সূত্রে জানা যায় এলাকায় বিভিন্ন কার্যক্রম চলমান রয়েছে এবং সংশ্লিষ্ট কর্তৃপক্ষ বিষয়টি খতিয়ে দেখছে। জেলা প্রশাসনের পক্ষ থেকে প্রয়োজনীয় ব্যবস্থা গ্রহণ করা হয়েছে বলে জানানো হয়। এ বিষয়ে পুলিশ মামলা দায়ের করেছে এবং তদন্ত অব্যাহত রয়েছে। স্থানীয় সূত্রে জানা যায় এলাকায় বিভিন্ন কার্যক্রম চলমান রয়েছে এবং সংশ্লিষ্ট কর্তৃপক্ষ বিষয়টি খতিয়ে দেখছে। জেলা প্রশাসনের পক্ষ থেকে প্রয়োজনীয় ব্যবস্থা গ্রহণ করা হয়েছে বলে জানানো হয়। এ বিষয়ে পুলিশ মামলা দায়ের করেছে এবং তদন্ত অব্যাহত রয়েছে। স্থানীয় সূত্রে জানা যায় এলাকায় বিভিন্ন কার্যক্রম চলমান রয়েছে এবং সংশ্লিষ্ট কর্তৃপক্ষ বিষয়টি খতিয়ে দেখছে। জেলা প্রশাসনের পক্ষ থেকে প্রয়োজনীয় ব্যবস্থা গ্রহণ করা হয়েছে বলে জানানো হয়। এ বিষয়ে পুলিশ মামলা দায়ের করেছে এবং তদন্ত অব্যাহত রয়েছে। স্থানীয় সূত্রে জানা যায় এলাকায় বিভিন্ন কার্যক্রম চলমান রয়েছে এবং সংশ্লিষ্ট কর্তৃপক্ষ বিষয়টি খতিয়ে দেখছে। জেলা প্রশাসনের পক্ষ থেকে প্রয়োজনীয় ব্যবস্থা গ্রহণ করা হয়েছে বলে জানানো হয়। এ বিষয়ে পুলিশ মামলা দায়ের করেছে এবং তদন্ত অব্যাহত রয়েছে। স্থানীয় সূত্রে জানা যায় এলাকায় বিভিন্ন কার্যক্রম চলমান রয়েছে এবং সংশ্লিষ্ট কর্তৃপক্ষ বিষয়টি খতিয়ে দেখছে। জেলা প্রশাসনের পক্ষ থেকে প্রয়োজনীয় ব্যবস্থা গ্রহণ করা হয়েছে বলে জানানো হয়। এ বিষয়ে পুলিশ মামলা দায়ের করেছে এবং তদন্ত অব্যাহত রয়েছে। স্থানীয় সূত্রে জানা যায় এলাকায় বিভিন্ন কার্যক্রম চলমান রয়েছে এবং সংশ্লিষ্ট কর্তৃপক্ষ বিষয়টি খতিয়ে দেখছে। জেলা প্রশাসনের পক্ষ থেকে প্রয়োজনীয় ব্যবস্থা গ্রহণ করা হয়েছে বলে জানানো হয়। এ বিষয়ে পুলিশ মামলা দায়ের করেছে এবং তদন্ত অব্যাহত রয়েছে। স্থানীয় সূত্রে জানা যায় এলাকায় বিভিন্ন কার্যক্রম চলমান রয়েছে এবং সংশ্লিষ্ট কর্তৃপক্ষ বিষয়টি খতিয়ে দেখছে। জেলা প্রশাসনের পক্ষ থেকে প্রয়োজনীয় ব্যবস্থা গ্রহণ করা হয়েছে বলে জানানো হয়। এ বিষয়ে পুলিশ মামলা দায়ের করেছে এবং তদন্ত অব্যাহত রয়েছে। স্থানীয় সূত্রে জানা যায় এলাকায় বিভিন্ন কার্যক্রম চলমান রয়েছে এবং সংশ্লিষ্ট কর্তৃপক্ষ বিষয়টি খতিয়ে দেখছে। জেলা প্রশাসনের পক্ষ থেকে প্রয়োজনীয় ব্যবস্থা গ্রহণ করা হয়েছে বলে জানানো হয়। এ বিষয়ে পুলিশ মামলা দায়ের করেছে এবং তদন্ত অব্যাহত রয়েছে। স্থানীয় সূত্রে জানা যায় এলাকায় বিভিন্ন কার্যক্রম চলমান রয়েছে এবং সংশ্লিষ্ট কর্তৃপক্ষ বিষয়টি খতিয়ে দেখছে। জেলা প্রশাসনের পক্ষ থেকে প্রয়োজনীয় ব্যবস্থা গ্রহণ করা হয়েছে বলে জানানো হয়। এ বিষয়ে পুলিশ মামলা দায়ের করেছে এবং তদন্ত অব্যাহত রয়েছে। স্থানীয় সূত্রে জানা যায় এলাকায় বিভিন্ন কার্যক্রম চলমান রয়েছে এবং সংশ্লিষ্ট কর্তৃপক্ষ বিষয়টি খতিয়ে দেখছে। জেলা প্রশাসনের পক্ষ থেকে প্রয়োজনীয় ব্যবস্থা গ্রহণ করা হয়েছে বলে জানানো হয়। এ বিষয়ে পুলিশ মামলা দায়ের করেছে এবং তদন্ত অব্যাহত রয়েছে। স্থানীয় সূত্রে জানা যায় এলাকায় বিভিন্ন কার্যক্রম চলমান রয়েছে এবং সংশ্লিষ্ট কর্তৃপক্ষ বিষয়টি খতিয়ে দেখছে। জেলা প্রশাসনের পক্ষ থেকে প্রয়োজনীয় ব্যবস্থা গ্রহণ করা হয়েছে বলে জানানো হয়। এ বিষয়ে পুলিশ মামলা দায়ের করেছে এবং তদন্ত অব্যাহত রয়েছে। স্থানীয় সূত্রে জানা যায় এলাকায় বিভিন্ন কার্যক্রম চলমান রয়েছে এবং সংশ্লিষ্ট কর্তৃপক্ষ বিষয়টি খতিয়ে দেখছে। জেলা প্রশাসনের পক্ষ থেকে প্রয়োজনীয় ব্যবস্থা গ্রহণ করা হয়েছে বলে জানানো হয়। এ বিষয়ে পুলিশ মামলা দায়ের করেছে এবং তদন্ত অব্যাহত রয়েছে। স্থানীয় সূত্রে জানা যায় এলাকায় বিভিন্ন কার্যক্রম চলমান রয়েছে এবং সংশ্লিষ্ট কর্তৃপক্ষ বিষয়টি খতিয়ে দেখছে। জেলা প্রশাসনের পক্ষ থেকে প্রয়োজনীয় ব্যবস্থা গ্রহণ করা হয়েছে বলে জানানো হয়। এ বিষয়ে পুলিশ মামলা দায়ের করেছে এবং তদন্ত অব্যাহত রয়েছে। স্থানীয় সূত্রে জানা যায় এলাকায় বিভিন্ন কার্যক্রম চলমান রয়েছে এবং সংশ্লিষ্ট কর্তৃপক্ষ বিষয়টি খতিয়ে দেখছে। জেলা প্রশাসনের পক্ষ থেকে প্রয়োজনীয় ব্যবস্থা গ্রহণ করা হয়েছে বলে জানানো হয়। এ বিষয়ে পুলিশ মামলা দায়ের করেছে এবং তদন্ত অব্যাহত রয়েছে। স্থানীয় সূত্রে জানা যায় এলাকায় বিভিন্ন কার্যক্রম চলমান রয়েছে এবং সংশ্লিষ্ট কর্তৃপক্ষ বিষয়টি খতিয়ে দেখছে। জেলা প্রশাসনের পক্ষ থেকে প্রয়োজনীয় ব্যবস্থা গ্রহণ করা হয়েছে বলে জানানো হয়। এ বিষয়ে পুলিশ মামলা দায়ের করেছে এবং তদন্ত অব্যাহত রয়েছে। স্থানীয় সূত্রে জানা যায় এলাকায় বিভিন্ন কার্যক্রম চলমান রয়েছে এবং সংশ্লিষ্ট কর্তৃপক্ষ বিষয়টি খতিয়ে দেখছে। জেলা প্রশাসনের পক্ষ থেকে প্রয়োজনীয় ব্যবস্থা গ্রহণ করা হয়েছে বলে জানানো হয়। এ বিষয়ে পুলিশ মামলা দায়ের করেছে এবং তদন্ত অব্যাহত রয়েছে। স্থানীয় সূত্রে জানা যায় এলাকায় বিভিন্ন কার্যক্রম চলমান রয়েছে এবং সংশ্লিষ্ট কর্তৃপক্ষ বিষয়টি খতিয়ে দেখছে। জেলা প্রশাসনের পক্ষ থেকে প্রয়োজনীয় ব্যবস্থা গ্রহণ করা হয়েছে বলে জানানো হয়। এ বিষয়ে পুলিশ মামলা দায়ের করেছে এবং তদন্ত অব্যাহত রয়েছে। স্থানীয় সূত্রে জানা যায় এলাকায় বিভিন্ন কার্যক্রম চলমান রয়েছে এবং সংশ্লিষ্ট কর্তৃপক্ষ বিষয়টি খতিয়ে দেখছে। জেলা প্রশাসনের পক্ষ থেকে প্রয়োজনীয় ব্যবস্থা গ্রহণ করা হয়েছে বলে জানানো হয়। এ বিষয়ে পুলিশ মামলা দায়ের করেছে এবং তদন্ত অব্যাহত রয়েছে।
আপনার রাশিফল
২১ মে ২০২২
জ্যোতিষ কার্তিক কুমার রায়
আজকের দিনের তিথি ঃ কৃষ্ণপক্ষে ষষ্ঠী
রাত্রি ০৮-২৬-২৫ঃ পর্যন্ত, পরে সপ্তমী আরম্ভ।
✦ মেষ	✦ বৃষ
✦ মিথুন	✦ কর্কট
✦ সিংহ	✦ কন্যা
✦ তুলা	✦ বৃশ্চিক
✦ ধনু	✦ মকর
✦ কুম্ভ	✦ মীন
